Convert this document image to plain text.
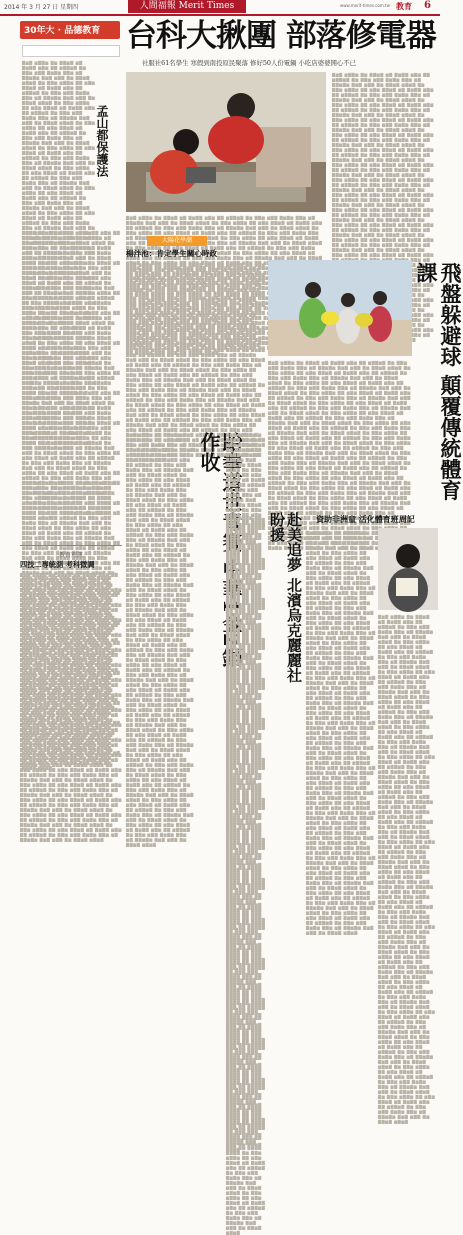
2014 年 3 月 27 日 星期四	人間福報 Merit Times	www.merit-times.com.tw 教育 6
30年大 · 品德教育 台科大揪團 部落修電器
社服社61名學生 寒假到南投原民聚落 修好50人份電鍋 小吃店婆婆開心不已
▇▆▇ ▆▇▇▆ ▇▆ ▇▇▆▇ ▆▇ ▇▆▇▇ ▆▇▆ ▇▇ ▆▇▇▆▇ ▇▆ ▇▇▆ ▆▇▇ ▇▆▇▆ ▇▇▆ ▆▇ ▇▇▆▇▆ ▇▆▇ ▆▇▇ ▇▆ ▇▇▆▇ ▆▇▆▇ ▇▆ ▇▇▆ ▆▇▇▆ ▇▇ ▆▇▆ ▇▇▆▇ ▆▇ ▇▆▇▇ ▆▇▆ ▇▇ ▆▇▇▆▇ ▇▆ ▇▇▆ ▆▇▇ ▇▆▇▆ ▇▇▆ ▆▇ ▇▇▆▇▆ ▇▆▇ ▆▇▇ ▇▆ ▇▇▆▇ ▆▇▆▇ ▇▆ ▇▇▆ ▆▇▇▆ ▇▇ ▆▇▆ ▇▇▆▇ ▆▇ ▇▆▇▇ ▆▇▆ ▇▇ ▆▇▇▆▇ ▇▆ ▇▇▆ ▆▇▇ ▇▆▇▆ ▇▇▆ ▆▇ ▇▇▆▇▆ ▇▆▇ ▆▇▇ ▇▆ ▇▇▆▇ ▆▇▆▇ ▇▆ ▇▇▆ ▆▇▇▆ ▇▇ ▆▇▆ ▇▇▆▇ ▆▇ ▇▆▇▇ ▆▇▆ ▇▇ ▆▇▇▆▇ ▇▆ ▇▇▆ ▆▇▇ ▇▆▇▆ ▇▇▆ ▆▇ ▇▇▆▇▆ ▇▆▇ ▆▇▇ ▇▆ ▇▇▆▇ ▆▇▆▇ ▇▆ ▇▇▆ ▆▇▇▆ ▇▇ ▆▇▆ ▇▇▆▇ ▆▇ ▇▆▇▇ ▆▇▆ ▇▇ ▆▇▇▆▇ ▇▆ ▇▇▆ ▆▇▇ ▇▆▇▆ ▇▇▆ ▆▇ ▇▇▆▇▆ ▇▆▇ ▆▇▇ ▇▆ ▇▇▆▇ ▆▇▆▇ ▇▆ ▇▇▆ ▆▇▇▆ ▇▇ ▆▇▆ ▇▇▆▇ ▆▇ ▇▆▇▇ ▆▇▆ ▇▇ ▆▇▇▆▇ ▇▆ ▇▇▆ ▆▇▇ ▇▆▇▆ ▇▇▆ ▆▇ ▇▇▆▇▆ ▇▆▇ ▆▇▇ ▇▆ ▇▇▆▇ ▆▇▆▇ ▇▆ ▇▇▆ ▆▇▇▆ ▇▇ ▆▇▆ ▇▇▆▇ ▆▇ ▇▆▇▇ ▆▇▆ ▇▇ ▆▇▇▆▇ ▇▆ ▇▇▆ ▆▇▇ ▇▆▇▆ ▇▇▆ ▆▇ ▇▇▆▇▆ ▇▆▇ ▆▇▇ ▇▆ ▇▇▆▇ ▆▇▆▇ ▇▆ ▇▇▆ ▆▇▇▆ ▇▇ ▆▇▆ ▇▇▆▇ ▆▇ ▇▆▇▇ ▆▇▆ ▇▇ ▆▇▇▆▇ ▇▆ ▇▇▆ ▆▇▇ ▇▆▇▆ ▇▇▆ ▆▇ ▇▇▆▇▆ ▇▆▇ ▆▇▇ ▇▆ ▇▇▆▇ ▆▇▆▇ ▇▆ ▇▇▆ ▆▇▇▆ ▇▇ ▆▇▆ ▇▇▆▇ ▆▇ ▇▆▇▇ ▆▇▆ ▇▇ ▆▇▇▆▇ ▇▆ ▇▇▆ ▆▇▇ ▇▆▇▆ ▇▇▆ ▆▇ ▇▇▆▇▆ ▇▆▇ ▆▇▇ ▇▆ ▇▇▆▇ ▆▇▆▇ ▇▆ ▇▇▆ ▆▇▇▆ ▇▇ ▆▇▆ ▇▇▆▇ ▆▇ ▇▆▇▇ ▆▇▆ ▇▇ ▆▇▇▆▇ ▇▆ ▇▇▆ ▆▇▇ ▇▆▇▆ ▇▇▆ ▆▇ ▇▇▆▇▆ ▇▆▇ ▆▇▇ ▇▆ ▇▇▆▇ ▆▇▆▇ ▇▆ ▇▇▆ ▆▇▇▆ ▇▇ ▆▇▆ ▇▇▆▇ ▆▇ ▇▆▇▇ ▆▇▆ ▇▇ ▆▇▇▆▇ ▇▆ ▇▇▆ ▆▇▇ ▇▆▇▆ ▇▇▆ ▆▇ ▇▇▆▇▆ ▇▆▇ ▆▇▇ ▇▆ ▇▇▆▇ ▆▇▆▇ ▇▆ ▇▇▆ ▆▇▇▆ ▇▇ ▆▇▆ ▇▇▆▇ ▆▇ ▇▆▇▇ ▆▇▆ ▇▇ ▆▇▇▆▇ ▇▆ ▇▇▆ ▆▇▇ ▇▆▇▆ ▇▇▆ ▆▇ ▇▇▆▇▆ ▇▆▇ ▆▇▇ ▇▆ ▇▇▆▇ ▆▇▆▇ ▇▆ ▇▇▆ ▆▇▇▆ ▇▇ ▆▇▆ ▇▇▆▇ ▆▇ ▇▆▇▇ ▆▇▆ ▇▇ ▆▇▇▆▇ ▇▆ ▇▇▆ ▆▇▇ ▇▆▇▆ ▇▇▆ ▆▇ ▇▇▆▇▆ ▇▆▇ ▆▇▇ ▇▆ ▇▇▆▇ ▆▇▆▇ ▇▆ ▇▇▆ ▆▇▇▆ ▇▇ ▆▇▆ ▇▇▆▇ ▆▇ ▇▆▇▇ ▆▇▆ ▇▇ ▆▇▇▆▇ ▇▆ ▇▇▆ ▆▇▇ ▇▆▇▆ ▇▇▆ ▆▇ ▇▇▆▇▆ ▇▆▇ ▆▇▇ ▇▆ ▇▇▆▇ ▆▇▆▇ ▇▆ ▇▇▆ ▆▇▇▆ ▇▇ ▆▇▆ ▇▇▆▇ ▆▇ ▇▆▇▇ ▆▇▆ ▇▇ ▆▇▇▆▇ ▇▆ ▇▇▆ ▆▇▇ ▇▆▇▆ ▇▇▆ ▆▇ ▇▇▆▇▆ ▇▆▇ ▆▇▇ ▇▆ ▇▇▆▇ ▆▇▆▇ ▇▆ ▇▇▆ ▆▇▇▆ ▇▇ ▆▇▆ ▇▇▆▇ ▆▇ ▇▆▇▇ ▆▇▆ ▇▇ ▆▇▇▆▇ ▇▆ ▇▇▆ ▆▇▇ ▇▆▇▆ ▇▇▆ ▆▇ ▇▇▆▇▆ ▇▆▇ ▆▇▇ ▇▆ ▇▇▆▇ ▆▇▆▇ ▇▆ ▇▇▆ ▆▇▇▆ ▇▇ ▆▇▆ ▇▇▆▇ ▆▇ ▇▆▇▇ ▆▇▆ ▇▇ ▆▇▇▆▇ ▇▆ ▇▇▆ ▆▇▇ ▇▆▇▆ ▇▇▆ ▆▇ ▇▇▆▇▆ ▇▆▇ ▆▇▇ ▇▆ ▇▇▆▇ ▆▇▆▇ ▇▆ ▇▇▆ ▆▇▇▆ ▇▇ ▆▇▆ ▇▇▆▇ ▆▇ ▇▆▇▇ ▆▇▆ ▇▇ ▆▇▇▆▇ ▇▆ ▇▇▆ ▆▇▇ ▇▆▇▆ ▇▇▆ ▆▇ ▇▇▆▇▆ ▇▆▇ ▆▇▇ ▇▆ ▇▇▆▇ ▆▇▆▇
孟山都保護法
▇▆▇ ▆▇▇▆ ▇▆ ▇▇▆▇ ▆▇ ▇▆▇▇ ▆▇▆ ▇▇ ▆▇▇▆▇ ▇▆ ▇▇▆ ▆▇▇ ▇▆▇▆ ▇▇▆ ▆▇ ▇▇▆▇▆ ▇▆▇ ▆▇▇ ▇▆ ▇▇▆▇ ▆▇▆▇ ▇▆ ▇▇▆ ▆▇▇▆ ▇▇ ▆▇▆ ▇▇▆▇ ▆▇ ▇▆▇▇ ▆▇▆ ▇▇ ▆▇▇▆▇ ▇▆ ▇▇▆ ▆▇▇ ▇▆▇▆ ▇▇▆ ▆▇ ▇▇▆▇▆ ▇▆▇ ▆▇▇ ▇▆ ▇▇▆▇ ▆▇▆▇ ▇▆ ▇▇▆ ▆▇▇▆ ▇▇ ▆▇▆ ▇▇▆▇ ▆▇ ▇▆▇▇ ▆▇▆ ▇▇ ▆▇▇▆▇ ▇▆ ▇▇▆ ▆▇▇ ▇▆▇▆ ▇▇▆ ▆▇ ▇▇▆▇▆ ▇▆▇ ▆▇▇ ▇▆ ▇▇▆▇ ▆▇▆▇ ▇▆ ▇▇▆ ▆▇▇▆ ▇▇ ▆▇▆ ▇▇▆▇ ▆▇ ▇▆▇▇ ▆▇▆ ▇▇ ▆▇▇▆▇ ▇▆ ▇▇▆ ▆▇▇ ▇▆▇▆ ▇▇▆ ▆▇ ▇▇▆▇▆ ▇▆▇ ▆▇▇ ▇▆ ▇▇▆▇ ▆▇▆▇ ▇▆ ▇▇▆ ▆▇▇▆ ▇▇ ▆▇▆ ▇▇▆▇ ▆▇ ▇▆▇▇ ▆▇▆ ▇▇ ▆▇▇▆▇ ▇▆ ▇▇▆ ▆▇▇ ▇▆▇▆ ▇▇▆ ▆▇ ▇▇▆▇▆ ▇▆▇ ▆▇▇ ▇▆ ▇▇▆▇ ▆▇▆▇ ▇▆ ▇▇▆ ▆▇▇▆ ▇▇ ▆▇▆ ▇▇▆▇ ▆▇ ▇▆▇▇ ▆▇▆ ▇▇ ▆▇▇▆▇ ▇▆ ▇▇▆ ▆▇▇ ▇▆▇▆ ▇▇▆ ▆▇ ▇▇▆▇▆ ▇▆▇ ▆▇▇ ▇▆ ▇▇▆▇ ▆▇▆▇ ▇▆ ▇▇▆ ▆▇▇▆ ▇▇ ▆▇▆ ▇▇▆▇ ▆▇ ▇▆▇▇ ▆▇▆ ▇▇ ▆▇▇▆▇ ▇▆ ▇▇▆ ▆▇▇ ▇▆▇▆ ▇▇▆ ▆▇ ▇▇▆▇▆ ▇▆▇ ▆▇▇ ▇▆ ▇▇▆▇ ▆▇▆▇ ▇▆ ▇▇▆ ▆▇▇▆ ▇▇ ▆▇▆ ▇▇▆▇ ▆▇ ▇▆▇▇ ▆▇▆ ▇▇ ▆▇▇▆▇ ▇▆ ▇▇▆ ▆▇▇ ▇▆▇▆ ▇▇▆ ▆▇ ▇▇▆▇▆ ▇▆▇ ▆▇▇ ▇▆ ▇▇▆▇ ▆▇▆▇ ▇▆ ▇▇▆ ▆▇▇▆ ▇▇ ▆▇▆ ▇▇▆▇ ▆▇ ▇▆▇▇ ▆▇▆ ▇▇ ▆▇▇▆▇ ▇▆ ▇▇▆ ▆▇▇ ▇▆▇▆ ▇▇▆ ▆▇ ▇▇▆▇▆ ▇▆▇ ▆▇▇ ▇▆ ▇▇▆▇ ▆▇▆▇ ▇▆ ▇▇▆ ▆▇▇▆ ▇▇ ▆▇▆ ▇▇▆▇ ▆▇ ▇▆▇▇ ▆▇▆ ▇▇ ▆▇▇▆▇ ▇▆ ▇▇▆ ▆▇▇ ▇▆▇▆ ▇▇▆ ▆▇ ▇▇▆▇▆ ▇▆▇ ▆▇▇ ▇▆ ▇▇▆▇ ▆▇▆▇ ▇▆ ▇▇▆ ▆▇▇▆ ▇▇ ▆▇▆ ▇▇▆▇ ▆▇ ▇▆▇▇ ▆▇▆ ▇▇ ▆▇▇▆▇ ▇▆ ▇▇▆ ▆▇▇ ▇▆▇▆ ▇▇▆ ▆▇ ▇▇▆▇▆ ▇▆▇ ▆▇▇ ▇▆ ▇▇▆▇ ▆▇▆▇ ▇▆ ▇▇▆ ▆▇▇▆ ▇▇ ▆▇▆ ▇▇▆▇ ▆▇ ▇▆▇▇ ▆▇▆ ▇▇ ▆▇▇▆▇ ▇▆ ▇▇▆ ▆▇▇ ▇▆▇▆ ▇▇▆ ▆▇ ▇▇▆▇▆ ▇▆▇ ▆▇▇ ▇▆ ▇▇▆▇ ▆▇▆▇ ▇▆ ▇▇▆ ▆▇▇▆ ▇▇ ▆▇▆ ▇▇▆▇ ▆▇ ▇▆▇▇ ▆▇▆ ▇▇ ▆▇▇▆▇ ▇▆ ▇▇▆ ▆▇▇ ▇▆▇▆ ▇▇▆ ▆▇ ▇▇▆▇▆ ▇▆▇ ▆▇▇ ▇▆ ▇▇▆▇ ▆▇▆▇ ▇▆ ▇▇▆ ▆▇▇▆ ▇▇ ▆▇▆ ▇▇▆▇ ▆▇ ▇▆▇▇ ▆▇▆ ▇▇ ▆▇▇▆▇ ▇▆ ▇▇▆ ▆▇▇ ▇▆▇▆ ▇▇▆ ▆▇ ▇▇▆▇▆ ▇▆▇ ▆▇▇ ▇▆ ▇▇▆▇ ▆▇▆▇ ▇▆ ▇▇▆ ▆▇▇▆ ▇▇ ▆▇▆ ▇▇▆▇ ▆▇ ▇▆▇▇ ▆▇▆ ▇▇ ▆▇▇▆▇ ▇▆ ▇▇▆ ▆▇▇ ▇▆▇▆ ▇▇▆ ▆▇ ▇▇▆▇▆ ▇▆▇ ▆▇▇ ▇▆ ▇▇▆▇ ▆▇▆▇ ▇▆ ▇▇▆ ▆▇▇▆ ▇▇ ▆▇▆ ▇▇▆▇ ▆▇ ▇▆▇▇ ▆▇▆ ▇▇ ▆▇▇▆▇ ▇▆ ▇▇▆ ▆▇▇ ▇▆▇▆ ▇▇▆ ▆▇ ▇▇▆▇▆ ▇▆▇ ▆▇▇ ▇▆ ▇▇▆▇ ▆▇▆▇ ▇▆ ▇▇▆ ▆▇▇▆ ▇▇ ▆▇▆ ▇▇▆▇ ▆▇ ▇▆▇▇ ▆▇▆ ▇▇ ▆▇▇▆▇ ▇▆ ▇▇▆ ▆▇▇ ▇▆▇▆ ▇▇▆ ▆▇ ▇▇▆▇▆ ▇▆▇ ▆▇▇ ▇▆ ▇▇▆▇ ▆▇▆▇ ▇▆ ▇▇▆ ▆▇▇▆ ▇▇ ▆▇▆ ▇▇▆▇ ▆▇ ▇▆▇▇ ▆▇▆ ▇▇ ▆▇▇▆▇ ▇▆ ▇▇▆ ▆▇▇ ▇▆▇▆ ▇▇▆ ▆▇ ▇▇▆▇▆ ▇▆▇ ▆▇▇ ▇▆ ▇▇▆▇ ▆▇▆▇
▇▆▇ ▆▇▇▆ ▇▆ ▇▇▆▇ ▆▇ ▇▆▇▇ ▆▇▆ ▇▇ ▆▇▇▆▇ ▇▆ ▇▇▆ ▆▇▇ ▇▆▇▆ ▇▇▆ ▆▇ ▇▇▆▇▆ ▇▆▇ ▆▇▇ ▇▆ ▇▇▆▇ ▆▇▆▇ ▇▆ ▇▇▆ ▆▇▇▆ ▇▇ ▆▇▆ ▇▇▆▇ ▆▇ ▇▆▇▇ ▆▇▆ ▇▇ ▆▇▇▆▇ ▇▆ ▇▇▆ ▆▇▇ ▇▆▇▆ ▇▇▆ ▆▇ ▇▇▆▇▆ ▇▆▇ ▆▇▇ ▇▆ ▇▇▆▇ ▆▇▆▇ ▇▆ ▇▇▆ ▆▇▇▆ ▇▇ ▆▇▆ ▇▇▆▇ ▆▇ ▇▆▇▇ ▆▇▆ ▇▇ ▆▇▇▆▇ ▇▆ ▇▇▆ ▆▇▇ ▇▆▇▆ ▇▇▆ ▆▇ ▇▇▆▇▆ ▇▆▇ ▆▇▇ ▇▆ ▇▇▆▇ ▆▇▆▇ ▇▆ ▇▇▆ ▆▇▇▆ ▇▇ ▆▇▆ ▇▇▆▇ ▆▇ ▇▆▇▇ ▆▇▆ ▇▇ ▆▇▇▆▇ ▇▆ ▇▇▆ ▆▇▇ ▇▆▇▆ ▇▇▆ ▆▇ ▇▇▆▇▆ ▇▆▇ ▆▇▇ ▇▆ ▇▇▆▇ ▆▇▆▇ ▇▆ ▇▇▆ ▆▇▇▆ ▇▇ ▆▇▆ ▇▇▆▇ ▆▇ ▇▆▇▇ ▆▇▆ ▇▇ ▆▇▇▆▇ ▇▆ ▇▇▆ ▆▇▇ ▇▆▇▆ ▇▇▆ ▆▇ ▇▇▆▇▆ ▇▆▇ ▆▇▇ ▇▆ ▇▇▆▇ ▆▇▆▇ ▇▆ ▇▇▆ ▆▇▇▆ ▇▇ ▆▇▆ ▇▇▆▇ ▆▇ ▇▆▇▇ ▆▇▆ ▇▇ ▆▇▇▆▇ ▇▆ ▇▇▆ ▆▇▇ ▇▆▇▆ ▇▇▆ ▆▇ ▇▇▆▇▆ ▇▆▇ ▆▇▇ ▇▆ ▇▇▆▇ ▆▇▆▇ ▇▆ ▇▇▆ ▆▇▇▆ ▇▇ ▆▇▆ ▇▇▆▇ ▆▇ ▇▆▇▇ ▆▇▆ ▇▇ ▆▇▇▆▇ ▇▆ ▇▇▆ ▆▇▇ ▇▆▇▆ ▇▇▆ ▆▇ ▇▇▆▇▆ ▇▆▇ ▆▇▇ ▇▆ ▇▇▆▇ ▆▇▆▇ ▇▆ ▇▇▆ ▆▇▇▆ ▇▇ ▆▇▆ ▇▇▆▇ ▆▇ ▇▆▇▇ ▆▇▆ ▇▇ ▆▇▇▆▇ ▇▆ ▇▇▆ ▆▇▇ ▇▆▇▆ ▇▇▆ ▆▇ ▇▇▆▇▆ ▇▆▇ ▆▇▇ ▇▆ ▇▇▆▇ ▆▇▆▇ ▇▆ ▇▇▆ ▆▇▇▆ ▇▇ ▆▇▆ ▇▇▆▇ ▆▇ ▇▆▇▇ ▆▇▆ ▇▇ ▆▇▇▆▇ ▇▆ ▇▇▆ ▆▇▇ ▇▆▇▆ ▇▇▆ ▆▇ ▇▇▆▇▆ ▇▆▇ ▆▇▇ ▇▆ ▇▇▆▇ ▆▇▆▇ ▇▆ ▇▇▆ ▆▇▇▆ ▇▇ ▆▇▆ ▇▇▆▇ ▆▇ ▇▆▇▇ ▆▇▆ ▇▇ ▆▇▇▆▇ ▇▆ ▇▇▆ ▆▇▇ ▇▆▇▆ ▇▇▆ ▆▇ ▇▇▆▇▆ ▇▆▇ ▆▇▇ ▇▆ ▇▇▆▇ ▆▇▆▇ ▇▆ ▇▇▆ ▆▇▇▆ ▇▇ ▆▇▆ ▇▇▆▇ ▆▇ ▇▆▇▇ ▆▇▆ ▇▇ ▆▇▇▆▇ ▇▆ ▇▇▆ ▆▇▇ ▇▆▇▆ ▇▇▆ ▆▇ ▇▇▆▇▆ ▇▆▇ ▆▇▇ ▇▆ ▇▇▆▇ ▆▇▆▇ ▇▆ ▇▇▆ ▆▇▇▆ ▇▇ ▆▇▆ ▇▇▆▇ ▆▇ ▇▆▇▇ ▆▇▆ ▇▇ ▆▇▇▆▇ ▇▆ ▇▇▆ ▆▇▇ ▇▆▇▆ ▇▇▆ ▆▇ ▇▇▆▇▆ ▇▆▇ ▆▇▇ ▇▆ ▇▇▆▇ ▆▇▆▇ ▇▆ ▇▇▆ ▆▇▇▆ ▇▇ ▆▇▆ ▇▇▆▇ ▆▇ ▇▆▇▇ ▆▇▆ ▇▇ ▆▇▇▆▇ ▇▆ ▇▇▆ ▆▇▇ ▇▆▇▆ ▇▇▆ ▆▇ ▇▇▆▇▆ ▇▆▇ ▆▇▇ ▇▆ ▇▇▆▇ ▆▇▆▇ ▇▆ ▇▇▆ ▆▇▇▆ ▇▇ ▆▇▆ ▇▇▆▇ ▆▇ ▇▆▇▇ ▆▇▆ ▇▇ ▆▇▇▆▇ ▇▆ ▇▇▆ ▆▇▇ ▇▆▇▆ ▇▇▆ ▆▇ ▇▇▆▇▆ ▇▆▇ ▆▇▇ ▇▆ ▇▇▆▇ ▆▇▆▇ ▇▆ ▇▇▆ ▆▇▇▆ ▇▇ ▆▇▆ ▇▇▆▇ ▆▇ ▇▆▇▇ ▆▇▆ ▇▇ ▆▇▇▆▇ ▇▆ ▇▇▆ ▆▇▇ ▇▆▇▆ ▇▇▆ ▆▇ ▇▇▆▇▆ ▇▆▇ ▆▇▇ ▇▆ ▇▇▆▇ ▆▇▆▇ ▇▆ ▇▇▆ ▆▇▇▆ ▇▇ ▆▇▆ ▇▇▆▇ ▆▇ ▇▆▇▇ ▆▇▆ ▇▇ ▆▇▇▆▇ ▇▆ ▇▇▆ ▆▇▇ ▇▆▇▆ ▇▇▆ ▆▇ ▇▇▆▇▆ ▇▆▇ ▆▇▇ ▇▆ ▇▇▆▇ ▆▇▆▇ ▇▆ ▇▇▆ ▆▇▇▆ ▇▇ ▆▇▆ ▇▇▆▇ ▆▇ ▇▆▇▇ ▆▇▆ ▇▇ ▆▇▇▆▇ ▇▆ ▇▇▆ ▆▇▇ ▇▆▇▆ ▇▇▆ ▆▇ ▇▇▆▇▆ ▇▆▇ ▆▇▇ ▇▆ ▇▇▆▇ ▆▇▆▇ ▇▆ ▇▇▆ ▆▇▇▆ ▇▇ ▆▇▆ ▇▇▆▇ ▆▇ ▇▆▇▇ ▆▇▆ ▇▇ ▆▇▇▆▇ ▇▆ ▇▇▆ ▆▇▇ ▇▆▇▆ ▇▇▆ ▆▇ ▇▇▆▇▆ ▇▆▇ ▆▇▇ ▇▆ ▇▇▆▇ ▆▇▆▇
▇▆▇ ▆▇▇▆ ▇▆ ▇▇▆▇ ▆▇ ▇▆▇▇ ▆▇▆ ▇▇ ▆▇▇▆▇ ▇▆ ▇▇▆ ▆▇▇ ▇▆▇▆ ▇▇▆ ▆▇ ▇▇▆▇▆ ▇▆▇ ▆▇▇ ▇▆ ▇▇▆▇ ▆▇▆▇ ▇▆ ▇▇▆ ▆▇▇▆ ▇▇ ▆▇▆ ▇▇▆▇ ▆▇ ▇▆▇▇ ▆▇▆ ▇▇ ▆▇▇▆▇ ▇▆ ▇▇▆ ▆▇▇ ▇▆▇▆ ▇▇▆ ▆▇ ▇▇▆▇▆ ▇▆▇ ▆▇▇ ▇▆ ▇▇▆▇ ▆▇▆▇ ▇▆ ▇▇▆ ▆▇▇▆ ▇▇ ▆▇▆ ▇▇▆▇ ▆▇ ▇▆▇▇ ▆▇▆ ▇▇ ▆▇▇▆▇ ▇▆ ▇▇▆ ▆▇▇ ▇▆▇▆ ▇▇▆ ▆▇ ▇▇▆▇▆ ▇▆▇ ▆▇▇ ▇▆ ▇▇▆▇ ▆▇▆▇ ▇▆ ▇▇▆ ▆▇▇▆ ▇▇ ▆▇▆ ▇▇▆▇ ▆▇ ▇▆▇▇ ▆▇▆ ▇▇ ▆▇▇▆▇ ▇▆ ▇▇▆ ▆▇▇ ▇▆▇▆ ▇▇▆ ▆▇ ▇▇▆▇▆ ▇▆▇ ▆▇▇ ▇▆ ▇▇▆▇ ▆▇▆▇ ▇▆ ▇▇▆ ▆▇▇▆ ▇▇ ▆▇▆ ▇▇▆▇ ▆▇ ▇▆▇▇ ▆▇▆ ▇▇ ▆▇▇▆▇ ▇▆ ▇▇▆ ▆▇▇ ▇▆▇▆ ▇▇▆ ▆▇ ▇▇▆▇▆ ▇▆▇ ▆▇▇ ▇▆ ▇▇▆▇ ▆▇▆▇ ▇▆ ▇▇▆ ▆▇▇▆ ▇▇ ▆▇▆ ▇▇▆▇ ▆▇ ▇▆▇▇ ▆▇▆ ▇▇ ▆▇▇▆▇ ▇▆ ▇▇▆ ▆▇▇ ▇▆▇▆ ▇▇▆ ▆▇ ▇▇▆▇▆ ▇▆▇ ▆▇▇ ▇▆ ▇▇▆▇ ▆▇▆▇ ▇▆ ▇▇▆ ▆▇▇▆ ▇▇ ▆▇▆ ▇▇▆▇ ▆▇ ▇▆▇▇ ▆▇▆ ▇▇ ▆▇▇▆▇ ▇▆ ▇▇▆ ▆▇▇ ▇▆▇▆ ▇▇▆ ▆▇ ▇▇▆▇▆ ▇▆▇ ▆▇▇ ▇▆ ▇▇▆▇ ▆▇▆▇ ▇▆ ▇▇▆ ▆▇▇▆ ▇▇ ▆▇▆ ▇▇▆▇ ▆▇ ▇▆▇▇ ▆▇▆ ▇▇ ▆▇▇▆▇ ▇▆ ▇▇▆ ▆▇▇ ▇▆▇▆ ▇▇▆ ▆▇ ▇▇▆▇▆ ▇▆▇ ▆▇▇ ▇▆ ▇▇▆▇ ▆▇▆▇ ▇▆ ▇▇▆ ▆▇▇▆ ▇▇ ▆▇▆ ▇▇▆▇ ▆▇ ▇▆▇▇ ▆▇▆ ▇▇ ▆▇▇▆▇ ▇▆ ▇▇▆ ▆▇▇ ▇▆▇▆ ▇▇▆ ▆▇ ▇▇▆▇▆ ▇▆▇ ▆▇▇ ▇▆ ▇▇▆▇ ▆▇▆▇ ▇▆ ▇▇▆ ▆▇▇▆ ▇▇ ▆▇▆ ▇▇▆▇ ▆▇ ▇▆▇▇ ▆▇▆ ▇▇ ▆▇▇▆▇ ▇▆ ▇▇▆ ▆▇▇ ▇▆▇▆ ▇▇▆ ▆▇ ▇▇▆▇▆ ▇▆▇ ▆▇▇ ▇▆ ▇▇▆▇ ▆▇▆▇ ▇▆ ▇▇▆ ▆▇▇▆ ▇▇ ▆▇▆ ▇▇▆▇ ▆▇ ▇▆▇▇ ▆▇▆ ▇▇ ▆▇▇▆▇ ▇▆ ▇▇▆ ▆▇▇ ▇▆▇▆ ▇▇▆ ▆▇ ▇▇▆▇▆ ▇▆▇ ▆▇▇ ▇▆ ▇▇▆▇ ▆▇▆▇ ▇▆ ▇▇▆ ▆▇▇▆ ▇▇ ▆▇▆ ▇▇▆▇ ▆▇ ▇▆▇▇ ▆▇▆ ▇▇ ▆▇▇▆▇ ▇▆ ▇▇▆ ▆▇▇ ▇▆▇▆ ▇▇▆ ▆▇ ▇▇▆▇▆ ▇▆▇ ▆▇▇ ▇▆ ▇▇▆▇ ▆▇▆▇ ▇▆ ▇▇▆ ▆▇▇▆ ▇▇ ▆▇▆ ▇▇▆▇ ▆▇ ▇▆▇▇ ▆▇▆ ▇▇ ▆▇▇▆▇ ▇▆ ▇▇▆ ▆▇▇ ▇▆▇▆ ▇▇▆ ▆▇ ▇▇▆▇▆ ▇▆▇ ▆▇▇ ▇▆ ▇▇▆▇ ▆▇▆▇ ▇▆ ▇▇▆ ▆▇▇▆ ▇▇ ▆▇▆ ▇▇▆▇ ▆▇ ▇▆▇▇ ▆▇▆ ▇▇ ▆▇▇▆▇ ▇▆ ▇▇▆ ▆▇▇ ▇▆▇▆ ▇▇▆ ▆▇ ▇▇▆▇▆ ▇▆▇ ▆▇▇ ▇▆ ▇▇▆▇ ▆▇▆▇ ▇▆ ▇▇▆ ▆▇▇▆ ▇▇ ▆▇▆ ▇▇▆▇ ▆▇ ▇▆▇▇ ▆▇▆ ▇▇ ▆▇▇▆▇ ▇▆ ▇▇▆ ▆▇▇ ▇▆▇▆ ▇▇▆ ▆▇ ▇▇▆▇▆ ▇▆▇ ▆▇▇ ▇▆ ▇▇▆▇ ▆▇▆▇ ▇▆ ▇▇▆ ▆▇▇▆ ▇▇ ▆▇▆ ▇▇▆▇ ▆▇ ▇▆▇▇ ▆▇▆ ▇▇ ▆▇▇▆▇ ▇▆ ▇▇▆ ▆▇▇ ▇▆▇▆ ▇▇▆ ▆▇ ▇▇▆▇▆ ▇▆▇ ▆▇▇ ▇▆ ▇▇▆▇ ▆▇▆▇ ▇▆ ▇▇▆ ▆▇▇▆ ▇▇ ▆▇▆ ▇▇▆▇ ▆▇ ▇▆▇▇ ▆▇▆ ▇▇ ▆▇▇▆▇ ▇▆ ▇▇▆ ▆▇▇ ▇▆▇▆ ▇▇▆ ▆▇ ▇▇▆▇▆ ▇▆▇ ▆▇▇ ▇▆ ▇▇▆▇ ▆▇▆▇ ▇▆ ▇▇▆ ▆▇▇▆ ▇▇ ▆▇▆ ▇▇▆▇ ▆▇ ▇▆▇▇ ▆▇▆ ▇▇ ▆▇▇▆▇ ▇▆ ▇▇▆ ▆▇▇ ▇▆▇▆ ▇▇▆ ▆▇ ▇▇▆▇▆ ▇▆▇ ▆▇▇ ▇▆ ▇▇▆▇ ▆▇▆▇
▇▆▇ ▆▇▇▆ ▇▆ ▇▇▆▇ ▆▇ ▇▆▇▇ ▆▇▆ ▇▇ ▆▇▇▆▇ ▇▆ ▇▇▆ ▆▇▇ ▇▆▇▆ ▇▇▆ ▆▇ ▇▇▆▇▆ ▇▆▇ ▆▇▇ ▇▆ ▇▇▆▇ ▆▇▆▇ ▇▆ ▇▇▆ ▆▇▇▆ ▇▇ ▆▇▆ ▇▇▆▇ ▆▇ ▇▆▇▇ ▆▇▆ ▇▇ ▆▇▇▆▇ ▇▆ ▇▇▆ ▆▇▇ ▇▆▇▆ ▇▇▆ ▆▇ ▇▇▆▇▆ ▇▆▇ ▆▇▇ ▇▆ ▇▇▆▇ ▆▇▆▇ ▇▆ ▇▇▆ ▆▇▇▆ ▇▇ ▆▇▆ ▇▇▆▇ ▆▇ ▇▆▇▇ ▆▇▆ ▇▇ ▆▇▇▆▇ ▇▆ ▇▇▆ ▆▇▇ ▇▆▇▆ ▇▇▆ ▆▇ ▇▇▆▇▆ ▇▆▇ ▆▇▇ ▇▆ ▇▇▆▇ ▆▇▆▇ ▇▆ ▇▇▆ ▆▇▇▆ ▇▇ ▆▇▆ ▇▇▆▇ ▆▇ ▇▆▇▇ ▆▇▆ ▇▇ ▆▇▇▆▇ ▇▆ ▇▇▆ ▆▇▇ ▇▆▇▆ ▇▇▆ ▆▇ ▇▇▆▇▆ ▇▆▇ ▆▇▇ ▇▆ ▇▇▆▇ ▆▇▆▇ ▇▆ ▇▇▆ ▆▇▇▆ ▇▇ ▆▇▆ ▇▇▆▇ ▆▇ ▇▆▇▇ ▆▇▆ ▇▇ ▆▇▇▆▇ ▇▆ ▇▇▆ ▆▇▇ ▇▆▇▆ ▇▇▆ ▆▇ ▇▇▆▇▆ ▇▆▇ ▆▇▇ ▇▆ ▇▇▆▇ ▆▇▆▇ ▇▆ ▇▇▆ ▆▇▇▆ ▇▇ ▆▇▆ ▇▇▆▇ ▆▇ ▇▆▇▇ ▆▇▆ ▇▇ ▆▇▇▆▇ ▇▆ ▇▇▆ ▆▇▇ ▇▆▇▆ ▇▇▆ ▆▇ ▇▇▆▇▆ ▇▆▇ ▆▇▇ ▇▆ ▇▇▆▇ ▆▇▆▇ ▇▆ ▇▇▆ ▆▇▇▆ ▇▇ ▆▇▆ ▇▇▆▇ ▆▇ ▇▆▇▇ ▆▇▆ ▇▇ ▆▇▇▆▇ ▇▆ ▇▇▆ ▆▇▇ ▇▆▇▆ ▇▇▆ ▆▇ ▇▇▆▇▆ ▇▆▇ ▆▇▇ ▇▆ ▇▇▆▇ ▆▇▆▇ ▇▆ ▇▇▆ ▆▇▇▆ ▇▇ ▆▇▆ ▇▇▆▇ ▆▇ ▇▆▇▇ ▆▇▆ ▇▇ ▆▇▇▆▇ ▇▆ ▇▇▆ ▆▇▇ ▇▆▇▆ ▇▇▆ ▆▇ ▇▇▆▇▆ ▇▆▇ ▆▇▇ ▇▆ ▇▇▆▇ ▆▇▆▇ ▇▆ ▇▇▆ ▆▇▇▆ ▇▇ ▆▇▆ ▇▇▆▇ ▆▇ ▇▆▇▇ ▆▇▆ ▇▇ ▆▇▇▆▇ ▇▆ ▇▇▆ ▆▇▇ ▇▆▇▆ ▇▇▆ ▆▇ ▇▇▆▇▆ ▇▆▇ ▆▇▇ ▇▆ ▇▇▆▇ ▆▇▆▇ ▇▆ ▇▇▆ ▆▇▇▆ ▇▇ ▆▇▆ ▇▇▆▇ ▆▇ ▇▆▇▇ ▆▇▆ ▇▇ ▆▇▇▆▇ ▇▆ ▇▇▆ ▆▇▇ ▇▆▇▆ ▇▇▆ ▆▇ ▇▇▆▇▆ ▇▆▇ ▆▇▇ ▇▆ ▇▇▆▇ ▆▇▆▇ ▇▆ ▇▇▆ ▆▇▇▆ ▇▇ ▆▇▆ ▇▇▆▇ ▆▇ ▇▆▇▇ ▆▇▆ ▇▇ ▆▇▇▆▇ ▇▆ ▇▇▆ ▆▇▇ ▇▆▇▆ ▇▇▆ ▆▇ ▇▇▆▇▆ ▇▆▇ ▆▇▇ ▇▆ ▇▇▆▇ ▆▇▆▇ ▇▆ ▇▇▆ ▆▇▇▆ ▇▇ ▆▇▆ ▇▇▆▇ ▆▇ ▇▆▇▇ ▆▇▆ ▇▇ ▆▇▇▆▇ ▇▆ ▇▇▆ ▆▇▇ ▇▆▇▆ ▇▇▆ ▆▇ ▇▇▆▇▆ ▇▆▇ ▆▇▇ ▇▆ ▇▇▆▇ ▆▇▆▇ ▇▆ ▇▇▆ ▆▇▇▆ ▇▇ ▆▇▆ ▇▇▆▇ ▆▇ ▇▆▇▇ ▆▇▆ ▇▇ ▆▇▇▆▇ ▇▆ ▇▇▆ ▆▇▇ ▇▆▇▆ ▇▇▆ ▆▇ ▇▇▆▇▆ ▇▆▇ ▆▇▇ ▇▆ ▇▇▆▇ ▆▇▆▇ ▇▆ ▇▇▆ ▆▇▇▆ ▇▇ ▆▇▆ ▇▇▆▇ ▆▇ ▇▆▇▇ ▆▇▆ ▇▇ ▆▇▇▆▇ ▇▆ ▇▇▆ ▆▇▇ ▇▆▇▆ ▇▇▆ ▆▇ ▇▇▆▇▆ ▇▆▇ ▆▇▇ ▇▆ ▇▇▆▇ ▆▇▆▇ ▇▆ ▇▇▆ ▆▇▇▆ ▇▇ ▆▇▆ ▇▇▆▇ ▆▇ ▇▆▇▇ ▆▇▆ ▇▇ ▆▇▇▆▇ ▇▆ ▇▇▆ ▆▇▇ ▇▆▇▆ ▇▇▆ ▆▇ ▇▇▆▇▆ ▇▆▇ ▆▇▇ ▇▆ ▇▇▆▇ ▆▇▆▇ ▇▆ ▇▇▆ ▆▇▇▆ ▇▇ ▆▇▆ ▇▇▆▇ ▆▇ ▇▆▇▇ ▆▇▆ ▇▇ ▆▇▇▆▇ ▇▆ ▇▇▆ ▆▇▇ ▇▆▇▆ ▇▇▆ ▆▇ ▇▇▆▇▆ ▇▆▇ ▆▇▇ ▇▆ ▇▇▆▇ ▆▇▆▇ ▇▆ ▇▇▆ ▆▇▇▆ ▇▇ ▆▇▆ ▇▇▆▇ ▆▇ ▇▆▇▇ ▆▇▆ ▇▇ ▆▇▇▆▇ ▇▆ ▇▇▆ ▆▇▇ ▇▆▇▆ ▇▇▆ ▆▇ ▇▇▆▇▆ ▇▆▇ ▆▇▇ ▇▆ ▇▇▆▇ ▆▇▆▇ ▇▆ ▇▇▆ ▆▇▇▆ ▇▇ ▆▇▆ ▇▇▆▇ ▆▇ ▇▆▇▇ ▆▇▆ ▇▇ ▆▇▇▆▇ ▇▆ ▇▇▆ ▆▇▇ ▇▆▇▆ ▇▇▆ ▆▇ ▇▇▆▇▆ ▇▆▇ ▆▇▇ ▇▆ ▇▇▆▇ ▆▇▆▇
大陽花學潮
楊泮池：肯定學生關心時政
▇▆▇ ▆▇▇▆ ▇▆ ▇▇▆▇ ▆▇ ▇▆▇▇ ▆▇▆ ▇▇ ▆▇▇▆▇ ▇▆ ▇▇▆ ▆▇▇ ▇▆▇▆ ▇▇▆ ▆▇ ▇▇▆▇▆ ▇▆▇ ▆▇▇ ▇▆ ▇▇▆▇ ▆▇▆▇ ▇▆ ▇▇▆ ▆▇▇▆ ▇▇ ▆▇▆ ▇▇▆▇ ▆▇ ▇▆▇▇ ▆▇▆ ▇▇ ▆▇▇▆▇ ▇▆ ▇▇▆ ▆▇▇ ▇▆▇▆ ▇▇▆ ▆▇ ▇▇▆▇▆ ▇▆▇ ▆▇▇ ▇▆ ▇▇▆▇ ▆▇▆▇ ▇▆ ▇▇▆ ▆▇▇▆ ▇▇ ▆▇▆ ▇▇▆▇ ▆▇ ▇▆▇▇ ▆▇▆ ▇▇ ▆▇▇▆▇ ▇▆ ▇▇▆ ▆▇▇ ▇▆▇▆ ▇▇▆ ▆▇ ▇▇▆▇▆ ▇▆▇ ▆▇▇ ▇▆ ▇▇▆▇ ▆▇▆▇ ▇▆ ▇▇▆ ▆▇▇▆ ▇▇ ▆▇▆ ▇▇▆▇ ▆▇ ▇▆▇▇ ▆▇▆ ▇▇ ▆▇▇▆▇ ▇▆ ▇▇▆ ▆▇▇ ▇▆▇▆ ▇▇▆ ▆▇ ▇▇▆▇▆ ▇▆▇ ▆▇▇ ▇▆ ▇▇▆▇ ▆▇▆▇ ▇▆ ▇▇▆ ▆▇▇▆ ▇▇ ▆▇▆ ▇▇▆▇ ▆▇ ▇▆▇▇ ▆▇▆ ▇▇ ▆▇▇▆▇ ▇▆ ▇▇▆ ▆▇▇ ▇▆▇▆ ▇▇▆ ▆▇ ▇▇▆▇▆ ▇▆▇ ▆▇▇ ▇▆ ▇▇▆▇ ▆▇▆▇ ▇▆ ▇▇▆ ▆▇▇▆ ▇▇ ▆▇▆ ▇▇▆▇ ▆▇ ▇▆▇▇ ▆▇▆ ▇▇ ▆▇▇▆▇ ▇▆ ▇▇▆ ▆▇▇ ▇▆▇▆ ▇▇▆ ▆▇ ▇▇▆▇▆ ▇▆▇ ▆▇▇ ▇▆ ▇▇▆▇ ▆▇▆▇ ▇▆ ▇▇▆ ▆▇▇▆ ▇▇ ▆▇▆ ▇▇▆▇ ▆▇ ▇▆▇▇ ▆▇▆ ▇▇ ▆▇▇▆▇ ▇▆ ▇▇▆ ▆▇▇ ▇▆▇▆ ▇▇▆ ▆▇ ▇▇▆▇▆ ▇▆▇ ▆▇▇ ▇▆ ▇▇▆▇ ▆▇▆▇ ▇▆ ▇▇▆ ▆▇▇▆ ▇▇ ▆▇▆ ▇▇▆▇ ▆▇ ▇▆▇▇ ▆▇▆ ▇▇ ▆▇▇▆▇ ▇▆ ▇▇▆ ▆▇▇ ▇▆▇▆ ▇▇▆ ▆▇ ▇▇▆▇▆ ▇▆▇ ▆▇▇ ▇▆ ▇▇▆▇ ▆▇▆▇ ▇▆ ▇▇▆ ▆▇▇▆ ▇▇ ▆▇▆ ▇▇▆▇ ▆▇ ▇▆▇▇ ▆▇▆ ▇▇ ▆▇▇▆▇ ▇▆ ▇▇▆ ▆▇▇ ▇▆▇▆ ▇▇▆ ▆▇ ▇▇▆▇▆ ▇▆▇ ▆▇▇ ▇▆ ▇▇▆▇ ▆▇▆▇ ▇▆ ▇▇▆ ▆▇▇▆ ▇▇ ▆▇▆ ▇▇▆▇ ▆▇ ▇▆▇▇ ▆▇▆ ▇▇ ▆▇▇▆▇ ▇▆ ▇▇▆ ▆▇▇ ▇▆▇▆ ▇▇▆ ▆▇ ▇▇▆▇▆ ▇▆▇ ▆▇▇ ▇▆ ▇▇▆▇ ▆▇▆▇ ▇▆ ▇▇▆ ▆▇▇▆ ▇▇ ▆▇▆ ▇▇▆▇ ▆▇ ▇▆▇▇ ▆▇▆ ▇▇ ▆▇▇▆▇ ▇▆ ▇▇▆ ▆▇▇ ▇▆▇▆ ▇▇▆ ▆▇ ▇▇▆▇▆ ▇▆▇ ▆▇▇ ▇▆ ▇▇▆▇ ▆▇▆▇ ▇▆ ▇▇▆ ▆▇▇▆ ▇▇ ▆▇▆ ▇▇▆▇ ▆▇ ▇▆▇▇ ▆▇▆ ▇▇ ▆▇▇▆▇ ▇▆ ▇▇▆ ▆▇▇ ▇▆▇▆ ▇▇▆ ▆▇ ▇▇▆▇▆ ▇▆▇ ▆▇▇ ▇▆ ▇▇▆▇ ▆▇▆▇ ▇▆ ▇▇▆ ▆▇▇▆ ▇▇ ▆▇▆ ▇▇▆▇ ▆▇ ▇▆▇▇ ▆▇▆ ▇▇ ▆▇▇▆▇ ▇▆ ▇▇▆ ▆▇▇ ▇▆▇▆ ▇▇▆ ▆▇ ▇▇▆▇▆ ▇▆▇ ▆▇▇ ▇▆ ▇▇▆▇ ▆▇▆▇ ▇▆ ▇▇▆ ▆▇▇▆ ▇▇ ▆▇▆ ▇▇▆▇ ▆▇ ▇▆▇▇ ▆▇▆ ▇▇ ▆▇▇▆▇ ▇▆ ▇▇▆ ▆▇▇ ▇▆▇▆ ▇▇▆ ▆▇ ▇▇▆▇▆ ▇▆▇ ▆▇▇ ▇▆ ▇▇▆▇ ▆▇▆▇ ▇▆ ▇▇▆ ▆▇▇▆ ▇▇ ▆▇▆ ▇▇▆▇ ▆▇ ▇▆▇▇ ▆▇▆ ▇▇ ▆▇▇▆▇ ▇▆ ▇▇▆ ▆▇▇ ▇▆▇▆ ▇▇▆ ▆▇ ▇▇▆▇▆ ▇▆▇ ▆▇▇ ▇▆ ▇▇▆▇ ▆▇▆▇ ▇▆ ▇▇▆ ▆▇▇▆ ▇▇ ▆▇▆ ▇▇▆▇ ▆▇ ▇▆▇▇ ▆▇▆ ▇▇ ▆▇▇▆▇ ▇▆ ▇▇▆ ▆▇▇ ▇▆▇▆ ▇▇▆ ▆▇ ▇▇▆▇▆ ▇▆▇ ▆▇▇ ▇▆ ▇▇▆▇ ▆▇▆▇ ▇▆ ▇▇▆ ▆▇▇▆ ▇▇ ▆▇▆ ▇▇▆▇ ▆▇ ▇▆▇▇ ▆▇▆ ▇▇ ▆▇▇▆▇ ▇▆ ▇▇▆ ▆▇▇ ▇▆▇▆ ▇▇▆ ▆▇ ▇▇▆▇▆ ▇▆▇ ▆▇▇ ▇▆ ▇▇▆▇ ▆▇▆▇ ▇▆ ▇▇▆ ▆▇▇▆ ▇▇ ▆▇▆ ▇▇▆▇ ▆▇ ▇▆▇▇ ▆▇▆ ▇▇ ▆▇▇▆▇ ▇▆ ▇▇▆ ▆▇▇ ▇▆▇▆ ▇▇▆ ▆▇ ▇▇▆▇▆ ▇▆▇ ▆▇▇ ▇▆ ▇▇▆▇ ▆▇▆▇
飛盤躲避球 顛覆傳統體育課
▇▆▇ ▆▇▇▆ ▇▆ ▇▇▆▇ ▆▇ ▇▆▇▇ ▆▇▆ ▇▇ ▆▇▇▆▇ ▇▆ ▇▇▆ ▆▇▇ ▇▆▇▆ ▇▇▆ ▆▇ ▇▇▆▇▆ ▇▆▇ ▆▇▇ ▇▆ ▇▇▆▇ ▆▇▆▇ ▇▆ ▇▇▆ ▆▇▇▆ ▇▇ ▆▇▆ ▇▇▆▇ ▆▇ ▇▆▇▇ ▆▇▆ ▇▇ ▆▇▇▆▇ ▇▆ ▇▇▆ ▆▇▇ ▇▆▇▆ ▇▇▆ ▆▇ ▇▇▆▇▆ ▇▆▇ ▆▇▇ ▇▆ ▇▇▆▇ ▆▇▆▇ ▇▆ ▇▇▆ ▆▇▇▆ ▇▇ ▆▇▆ ▇▇▆▇ ▆▇ ▇▆▇▇ ▆▇▆ ▇▇ ▆▇▇▆▇ ▇▆ ▇▇▆ ▆▇▇ ▇▆▇▆ ▇▇▆ ▆▇ ▇▇▆▇▆ ▇▆▇ ▆▇▇ ▇▆ ▇▇▆▇ ▆▇▆▇ ▇▆ ▇▇▆ ▆▇▇▆ ▇▇ ▆▇▆ ▇▇▆▇ ▆▇ ▇▆▇▇ ▆▇▆ ▇▇ ▆▇▇▆▇ ▇▆ ▇▇▆ ▆▇▇ ▇▆▇▆ ▇▇▆ ▆▇ ▇▇▆▇▆ ▇▆▇ ▆▇▇ ▇▆ ▇▇▆▇ ▆▇▆▇ ▇▆ ▇▇▆ ▆▇▇▆ ▇▇ ▆▇▆ ▇▇▆▇ ▆▇ ▇▆▇▇ ▆▇▆ ▇▇ ▆▇▇▆▇ ▇▆ ▇▇▆ ▆▇▇ ▇▆▇▆ ▇▇▆ ▆▇ ▇▇▆▇▆ ▇▆▇ ▆▇▇ ▇▆ ▇▇▆▇ ▆▇▆▇ ▇▆ ▇▇▆ ▆▇▇▆ ▇▇ ▆▇▆ ▇▇▆▇ ▆▇ ▇▆▇▇ ▆▇▆ ▇▇ ▆▇▇▆▇ ▇▆ ▇▇▆ ▆▇▇ ▇▆▇▆ ▇▇▆ ▆▇ ▇▇▆▇▆ ▇▆▇ ▆▇▇ ▇▆ ▇▇▆▇ ▆▇▆▇ ▇▆ ▇▇▆ ▆▇▇▆ ▇▇ ▆▇▆ ▇▇▆▇ ▆▇ ▇▆▇▇ ▆▇▆ ▇▇ ▆▇▇▆▇ ▇▆ ▇▇▆ ▆▇▇ ▇▆▇▆ ▇▇▆ ▆▇ ▇▇▆▇▆ ▇▆▇ ▆▇▇ ▇▆ ▇▇▆▇ ▆▇▆▇ ▇▆ ▇▇▆ ▆▇▇▆ ▇▇ ▆▇▆ ▇▇▆▇ ▆▇ ▇▆▇▇ ▆▇▆ ▇▇ ▆▇▇▆▇ ▇▆ ▇▇▆ ▆▇▇ ▇▆▇▆ ▇▇▆ ▆▇ ▇▇▆▇▆ ▇▆▇ ▆▇▇ ▇▆ ▇▇▆▇ ▆▇▆▇ ▇▆ ▇▇▆ ▆▇▇▆ ▇▇ ▆▇▆ ▇▇▆▇ ▆▇ ▇▆▇▇ ▆▇▆ ▇▇ ▆▇▇▆▇ ▇▆ ▇▇▆ ▆▇▇ ▇▆▇▆ ▇▇▆ ▆▇ ▇▇▆▇▆ ▇▆▇ ▆▇▇ ▇▆ ▇▇▆▇ ▆▇▆▇ ▇▆ ▇▇▆ ▆▇▇▆ ▇▇ ▆▇▆ ▇▇▆▇ ▆▇ ▇▆▇▇ ▆▇▆ ▇▇ ▆▇▇▆▇ ▇▆ ▇▇▆ ▆▇▇ ▇▆▇▆ ▇▇▆ ▆▇ ▇▇▆▇▆ ▇▆▇ ▆▇▇ ▇▆ ▇▇▆▇ ▆▇▆▇ ▇▆ ▇▇▆ ▆▇▇▆ ▇▇ ▆▇▆ ▇▇▆▇ ▆▇ ▇▆▇▇ ▆▇▆ ▇▇ ▆▇▇▆▇ ▇▆ ▇▇▆ ▆▇▇ ▇▆▇▆ ▇▇▆ ▆▇ ▇▇▆▇▆ ▇▆▇ ▆▇▇ ▇▆ ▇▇▆▇ ▆▇▆▇ ▇▆ ▇▇▆ ▆▇▇▆ ▇▇ ▆▇▆ ▇▇▆▇ ▆▇ ▇▆▇▇ ▆▇▆ ▇▇ ▆▇▇▆▇ ▇▆ ▇▇▆ ▆▇▇ ▇▆▇▆ ▇▇▆ ▆▇ ▇▇▆▇▆ ▇▆▇ ▆▇▇ ▇▆ ▇▇▆▇ ▆▇▆▇ ▇▆ ▇▇▆ ▆▇▇▆ ▇▇ ▆▇▆ ▇▇▆▇ ▆▇ ▇▆▇▇ ▆▇▆ ▇▇ ▆▇▇▆▇ ▇▆ ▇▇▆ ▆▇▇ ▇▆▇▆ ▇▇▆ ▆▇ ▇▇▆▇▆ ▇▆▇ ▆▇▇ ▇▆ ▇▇▆▇ ▆▇▆▇ ▇▆ ▇▇▆ ▆▇▇▆ ▇▇ ▆▇▆ ▇▇▆▇ ▆▇ ▇▆▇▇ ▆▇▆ ▇▇ ▆▇▇▆▇ ▇▆ ▇▇▆ ▆▇▇ ▇▆▇▆ ▇▇▆ ▆▇ ▇▇▆▇▆ ▇▆▇ ▆▇▇ ▇▆ ▇▇▆▇ ▆▇▆▇ ▇▆ ▇▇▆ ▆▇▇▆ ▇▇ ▆▇▆ ▇▇▆▇ ▆▇ ▇▆▇▇ ▆▇▆ ▇▇ ▆▇▇▆▇ ▇▆ ▇▇▆ ▆▇▇ ▇▆▇▆ ▇▇▆ ▆▇ ▇▇▆▇▆ ▇▆▇ ▆▇▇ ▇▆ ▇▇▆▇ ▆▇▆▇ ▇▆ ▇▇▆ ▆▇▇▆ ▇▇ ▆▇▆ ▇▇▆▇ ▆▇ ▇▆▇▇ ▆▇▆ ▇▇ ▆▇▇▆▇ ▇▆ ▇▇▆ ▆▇▇ ▇▆▇▆ ▇▇▆ ▆▇ ▇▇▆▇▆ ▇▆▇ ▆▇▇ ▇▆ ▇▇▆▇ ▆▇▆▇ ▇▆ ▇▇▆ ▆▇▇▆ ▇▇ ▆▇▆ ▇▇▆▇ ▆▇ ▇▆▇▇ ▆▇▆ ▇▇ ▆▇▇▆▇ ▇▆ ▇▇▆ ▆▇▇ ▇▆▇▆ ▇▇▆ ▆▇ ▇▇▆▇▆ ▇▆▇ ▆▇▇ ▇▆ ▇▇▆▇ ▆▇▆▇ ▇▆ ▇▇▆ ▆▇▇▆ ▇▇ ▆▇▆ ▇▇▆▇ ▆▇ ▇▆▇▇ ▆▇▆ ▇▇ ▆▇▇▆▇ ▇▆ ▇▇▆ ▆▇▇ ▇▆▇▆ ▇▇▆ ▆▇ ▇▇▆▇▆ ▇▆▇ ▆▇▇ ▇▆ ▇▇▆▇ ▆▇▆▇
跆拳道世青賽 中華1金2銅作收
▇▆▇ ▆▇▇▆ ▇▆ ▇▇▆▇ ▆▇ ▇▆▇▇ ▆▇▆ ▇▇ ▆▇▇▆▇ ▇▆ ▇▇▆ ▆▇▇ ▇▆▇▆ ▇▇▆ ▆▇ ▇▇▆▇▆ ▇▆▇ ▆▇▇ ▇▆ ▇▇▆▇ ▆▇▆▇ ▇▆ ▇▇▆ ▆▇▇▆ ▇▇ ▆▇▆ ▇▇▆▇ ▆▇ ▇▆▇▇ ▆▇▆ ▇▇ ▆▇▇▆▇ ▇▆ ▇▇▆ ▆▇▇ ▇▆▇▆ ▇▇▆ ▆▇ ▇▇▆▇▆ ▇▆▇ ▆▇▇ ▇▆ ▇▇▆▇ ▆▇▆▇ ▇▆ ▇▇▆ ▆▇▇▆ ▇▇ ▆▇▆ ▇▇▆▇ ▆▇ ▇▆▇▇ ▆▇▆ ▇▇ ▆▇▇▆▇ ▇▆ ▇▇▆ ▆▇▇ ▇▆▇▆ ▇▇▆ ▆▇ ▇▇▆▇▆ ▇▆▇ ▆▇▇ ▇▆ ▇▇▆▇ ▆▇▆▇ ▇▆ ▇▇▆ ▆▇▇▆ ▇▇ ▆▇▆ ▇▇▆▇ ▆▇ ▇▆▇▇ ▆▇▆ ▇▇ ▆▇▇▆▇ ▇▆ ▇▇▆ ▆▇▇ ▇▆▇▆ ▇▇▆ ▆▇ ▇▇▆▇▆ ▇▆▇ ▆▇▇ ▇▆ ▇▇▆▇ ▆▇▆▇ ▇▆ ▇▇▆ ▆▇▇▆ ▇▇ ▆▇▆ ▇▇▆▇ ▆▇ ▇▆▇▇ ▆▇▆ ▇▇ ▆▇▇▆▇ ▇▆ ▇▇▆ ▆▇▇ ▇▆▇▆ ▇▇▆ ▆▇ ▇▇▆▇▆ ▇▆▇ ▆▇▇ ▇▆ ▇▇▆▇ ▆▇▆▇ ▇▆ ▇▇▆ ▆▇▇▆ ▇▇ ▆▇▆ ▇▇▆▇ ▆▇ ▇▆▇▇ ▆▇▆ ▇▇ ▆▇▇▆▇ ▇▆ ▇▇▆ ▆▇▇ ▇▆▇▆ ▇▇▆ ▆▇ ▇▇▆▇▆ ▇▆▇ ▆▇▇ ▇▆ ▇▇▆▇ ▆▇▆▇ ▇▆ ▇▇▆ ▆▇▇▆ ▇▇ ▆▇▆ ▇▇▆▇ ▆▇ ▇▆▇▇ ▆▇▆ ▇▇ ▆▇▇▆▇ ▇▆ ▇▇▆ ▆▇▇ ▇▆▇▆ ▇▇▆ ▆▇ ▇▇▆▇▆ ▇▆▇ ▆▇▇ ▇▆ ▇▇▆▇ ▆▇▆▇ ▇▆ ▇▇▆ ▆▇▇▆ ▇▇ ▆▇▆ ▇▇▆▇ ▆▇ ▇▆▇▇ ▆▇▆ ▇▇ ▆▇▇▆▇ ▇▆ ▇▇▆ ▆▇▇ ▇▆▇▆ ▇▇▆ ▆▇ ▇▇▆▇▆ ▇▆▇ ▆▇▇ ▇▆ ▇▇▆▇ ▆▇▆▇ ▇▆ ▇▇▆ ▆▇▇▆ ▇▇ ▆▇▆ ▇▇▆▇ ▆▇ ▇▆▇▇ ▆▇▆ ▇▇ ▆▇▇▆▇ ▇▆ ▇▇▆ ▆▇▇ ▇▆▇▆ ▇▇▆ ▆▇ ▇▇▆▇▆ ▇▆▇ ▆▇▇ ▇▆ ▇▇▆▇ ▆▇▆▇ ▇▆ ▇▇▆ ▆▇▇▆ ▇▇ ▆▇▆ ▇▇▆▇ ▆▇ ▇▆▇▇ ▆▇▆ ▇▇ ▆▇▇▆▇ ▇▆ ▇▇▆ ▆▇▇ ▇▆▇▆ ▇▇▆ ▆▇ ▇▇▆▇▆ ▇▆▇ ▆▇▇ ▇▆ ▇▇▆▇ ▆▇▆▇ ▇▆ ▇▇▆ ▆▇▇▆ ▇▇ ▆▇▆ ▇▇▆▇ ▆▇ ▇▆▇▇ ▆▇▆ ▇▇ ▆▇▇▆▇ ▇▆ ▇▇▆ ▆▇▇ ▇▆▇▆ ▇▇▆ ▆▇ ▇▇▆▇▆ ▇▆▇ ▆▇▇ ▇▆ ▇▇▆▇ ▆▇▆▇ ▇▆ ▇▇▆ ▆▇▇▆ ▇▇ ▆▇▆ ▇▇▆▇ ▆▇ ▇▆▇▇ ▆▇▆ ▇▇ ▆▇▇▆▇ ▇▆ ▇▇▆ ▆▇▇ ▇▆▇▆ ▇▇▆ ▆▇ ▇▇▆▇▆ ▇▆▇ ▆▇▇ ▇▆ ▇▇▆▇ ▆▇▆▇ ▇▆ ▇▇▆ ▆▇▇▆ ▇▇ ▆▇▆ ▇▇▆▇ ▆▇ ▇▆▇▇ ▆▇▆ ▇▇ ▆▇▇▆▇ ▇▆ ▇▇▆ ▆▇▇ ▇▆▇▆ ▇▇▆ ▆▇ ▇▇▆▇▆ ▇▆▇ ▆▇▇ ▇▆ ▇▇▆▇ ▆▇▆▇ ▇▆ ▇▇▆ ▆▇▇▆ ▇▇ ▆▇▆ ▇▇▆▇ ▆▇ ▇▆▇▇ ▆▇▆ ▇▇ ▆▇▇▆▇ ▇▆ ▇▇▆ ▆▇▇ ▇▆▇▆ ▇▇▆ ▆▇ ▇▇▆▇▆ ▇▆▇ ▆▇▇ ▇▆ ▇▇▆▇ ▆▇▆▇ ▇▆ ▇▇▆ ▆▇▇▆ ▇▇ ▆▇▆ ▇▇▆▇ ▆▇ ▇▆▇▇ ▆▇▆ ▇▇ ▆▇▇▆▇ ▇▆ ▇▇▆ ▆▇▇ ▇▆▇▆ ▇▇▆ ▆▇ ▇▇▆▇▆ ▇▆▇ ▆▇▇ ▇▆ ▇▇▆▇ ▆▇▆▇ ▇▆ ▇▇▆ ▆▇▇▆ ▇▇ ▆▇▆ ▇▇▆▇ ▆▇ ▇▆▇▇ ▆▇▆ ▇▇ ▆▇▇▆▇ ▇▆ ▇▇▆ ▆▇▇ ▇▆▇▆ ▇▇▆ ▆▇ ▇▇▆▇▆ ▇▆▇ ▆▇▇ ▇▆ ▇▇▆▇ ▆▇▆▇ ▇▆ ▇▇▆ ▆▇▇▆ ▇▇ ▆▇▆ ▇▇▆▇ ▆▇ ▇▆▇▇ ▆▇▆ ▇▇ ▆▇▇▆▇ ▇▆ ▇▇▆ ▆▇▇ ▇▆▇▆ ▇▇▆ ▆▇ ▇▇▆▇▆ ▇▆▇ ▆▇▇ ▇▆ ▇▇▆▇ ▆▇▆▇ ▇▆ ▇▇▆ ▆▇▇▆ ▇▇ ▆▇▆ ▇▇▆▇ ▆▇ ▇▆▇▇ ▆▇▆ ▇▇ ▆▇▇▆▇ ▇▆ ▇▇▆ ▆▇▇ ▇▆▇▆ ▇▇▆ ▆▇ ▇▇▆▇▆ ▇▆▇ ▆▇▇ ▇▆ ▇▇▆▇ ▆▇▆▇
▇▆▇ ▆▇▇▆ ▇▆ ▇▇▆▇ ▆▇ ▇▆▇▇ ▆▇▆ ▇▇ ▆▇▇▆▇ ▇▆ ▇▇▆ ▆▇▇ ▇▆▇▆ ▇▇▆ ▆▇ ▇▇▆▇▆ ▇▆▇ ▆▇▇ ▇▆ ▇▇▆▇ ▆▇▆▇ ▇▆ ▇▇▆ ▆▇▇▆ ▇▇ ▆▇▆ ▇▇▆▇ ▆▇ ▇▆▇▇ ▆▇▆ ▇▇ ▆▇▇▆▇ ▇▆ ▇▇▆ ▆▇▇ ▇▆▇▆ ▇▇▆ ▆▇ ▇▇▆▇▆ ▇▆▇ ▆▇▇ ▇▆ ▇▇▆▇ ▆▇▆▇ ▇▆ ▇▇▆ ▆▇▇▆ ▇▇ ▆▇▆ ▇▇▆▇ ▆▇ ▇▆▇▇ ▆▇▆ ▇▇ ▆▇▇▆▇ ▇▆ ▇▇▆ ▆▇▇ ▇▆▇▆ ▇▇▆ ▆▇ ▇▇▆▇▆ ▇▆▇ ▆▇▇ ▇▆ ▇▇▆▇ ▆▇▆▇ ▇▆ ▇▇▆ ▆▇▇▆ ▇▇ ▆▇▆ ▇▇▆▇ ▆▇ ▇▆▇▇ ▆▇▆ ▇▇ ▆▇▇▆▇ ▇▆ ▇▇▆ ▆▇▇ ▇▆▇▆ ▇▇▆ ▆▇ ▇▇▆▇▆ ▇▆▇ ▆▇▇ ▇▆ ▇▇▆▇ ▆▇▆▇ ▇▆ ▇▇▆ ▆▇▇▆ ▇▇ ▆▇▆ ▇▇▆▇ ▆▇ ▇▆▇▇ ▆▇▆ ▇▇ ▆▇▇▆▇ ▇▆ ▇▇▆ ▆▇▇ ▇▆▇▆ ▇▇▆ ▆▇ ▇▇▆▇▆ ▇▆▇ ▆▇▇ ▇▆ ▇▇▆▇ ▆▇▆▇ ▇▆ ▇▇▆ ▆▇▇▆ ▇▇ ▆▇▆ ▇▇▆▇ ▆▇ ▇▆▇▇ ▆▇▆ ▇▇ ▆▇▇▆▇ ▇▆ ▇▇▆ ▆▇▇ ▇▆▇▆ ▇▇▆ ▆▇ ▇▇▆▇▆ ▇▆▇ ▆▇▇ ▇▆ ▇▇▆▇ ▆▇▆▇ ▇▆ ▇▇▆ ▆▇▇▆ ▇▇ ▆▇▆ ▇▇▆▇ ▆▇ ▇▆▇▇ ▆▇▆ ▇▇ ▆▇▇▆▇ ▇▆ ▇▇▆ ▆▇▇ ▇▆▇▆ ▇▇▆ ▆▇ ▇▇▆▇▆ ▇▆▇ ▆▇▇ ▇▆ ▇▇▆▇ ▆▇▆▇ ▇▆ ▇▇▆ ▆▇▇▆ ▇▇ ▆▇▆ ▇▇▆▇ ▆▇ ▇▆▇▇ ▆▇▆ ▇▇ ▆▇▇▆▇ ▇▆ ▇▇▆ ▆▇▇ ▇▆▇▆ ▇▇▆ ▆▇ ▇▇▆▇▆ ▇▆▇ ▆▇▇ ▇▆ ▇▇▆▇ ▆▇▆▇ ▇▆ ▇▇▆ ▆▇▇▆ ▇▇ ▆▇▆ ▇▇▆▇ ▆▇ ▇▆▇▇ ▆▇▆ ▇▇ ▆▇▇▆▇ ▇▆ ▇▇▆ ▆▇▇ ▇▆▇▆ ▇▇▆ ▆▇ ▇▇▆▇▆ ▇▆▇ ▆▇▇ ▇▆ ▇▇▆▇ ▆▇▆▇ ▇▆ ▇▇▆ ▆▇▇▆ ▇▇ ▆▇▆ ▇▇▆▇ ▆▇ ▇▆▇▇ ▆▇▆ ▇▇ ▆▇▇▆▇ ▇▆ ▇▇▆ ▆▇▇ ▇▆▇▆ ▇▇▆ ▆▇ ▇▇▆▇▆ ▇▆▇ ▆▇▇ ▇▆ ▇▇▆▇ ▆▇▆▇ ▇▆ ▇▇▆ ▆▇▇▆ ▇▇ ▆▇▆ ▇▇▆▇ ▆▇ ▇▆▇▇ ▆▇▆ ▇▇ ▆▇▇▆▇ ▇▆ ▇▇▆ ▆▇▇ ▇▆▇▆ ▇▇▆ ▆▇ ▇▇▆▇▆ ▇▆▇ ▆▇▇ ▇▆ ▇▇▆▇ ▆▇▆▇ ▇▆ ▇▇▆ ▆▇▇▆ ▇▇ ▆▇▆ ▇▇▆▇ ▆▇ ▇▆▇▇ ▆▇▆ ▇▇ ▆▇▇▆▇ ▇▆ ▇▇▆ ▆▇▇ ▇▆▇▆ ▇▇▆ ▆▇ ▇▇▆▇▆ ▇▆▇ ▆▇▇ ▇▆ ▇▇▆▇ ▆▇▆▇ ▇▆ ▇▇▆ ▆▇▇▆ ▇▇ ▆▇▆ ▇▇▆▇ ▆▇ ▇▆▇▇ ▆▇▆ ▇▇ ▆▇▇▆▇ ▇▆ ▇▇▆ ▆▇▇ ▇▆▇▆ ▇▇▆ ▆▇ ▇▇▆▇▆ ▇▆▇ ▆▇▇ ▇▆ ▇▇▆▇ ▆▇▆▇ ▇▆ ▇▇▆ ▆▇▇▆ ▇▇ ▆▇▆ ▇▇▆▇ ▆▇ ▇▆▇▇ ▆▇▆ ▇▇ ▆▇▇▆▇ ▇▆ ▇▇▆ ▆▇▇ ▇▆▇▆ ▇▇▆ ▆▇ ▇▇▆▇▆ ▇▆▇ ▆▇▇ ▇▆ ▇▇▆▇ ▆▇▆▇ ▇▆ ▇▇▆ ▆▇▇▆ ▇▇ ▆▇▆ ▇▇▆▇ ▆▇ ▇▆▇▇ ▆▇▆ ▇▇ ▆▇▇▆▇ ▇▆ ▇▇▆ ▆▇▇ ▇▆▇▆ ▇▇▆ ▆▇ ▇▇▆▇▆ ▇▆▇ ▆▇▇ ▇▆ ▇▇▆▇ ▆▇▆▇ ▇▆ ▇▇▆ ▆▇▇▆ ▇▇ ▆▇▆ ▇▇▆▇ ▆▇ ▇▆▇▇ ▆▇▆ ▇▇ ▆▇▇▆▇ ▇▆ ▇▇▆ ▆▇▇ ▇▆▇▆ ▇▇▆ ▆▇ ▇▇▆▇▆ ▇▆▇ ▆▇▇ ▇▆ ▇▇▆▇ ▆▇▆▇ ▇▆ ▇▇▆ ▆▇▇▆ ▇▇ ▆▇▆ ▇▇▆▇ ▆▇ ▇▆▇▇ ▆▇▆ ▇▇ ▆▇▇▆▇ ▇▆ ▇▇▆ ▆▇▇ ▇▆▇▆ ▇▇▆ ▆▇ ▇▇▆▇▆ ▇▆▇ ▆▇▇ ▇▆ ▇▇▆▇ ▆▇▆▇ ▇▆ ▇▇▆ ▆▇▇▆ ▇▇ ▆▇▆ ▇▇▆▇ ▆▇ ▇▆▇▇ ▆▇▆ ▇▇ ▆▇▇▆▇ ▇▆ ▇▇▆ ▆▇▇ ▇▆▇▆ ▇▇▆ ▆▇ ▇▇▆▇▆ ▇▆▇ ▆▇▇ ▇▆ ▇▇▆▇ ▆▇▆▇
教育短訊
四技二專統測 考科微調 ▇▆▇ ▆▇▇▆ ▇▆ ▇▇▆▇ ▆▇ ▇▆▇▇ ▆▇▆ ▇▇ ▆▇▇▆▇ ▇▆ ▇▇▆ ▆▇▇ ▇▆▇▆ ▇▇▆ ▆▇ ▇▇▆▇▆ ▇▆▇ ▆▇▇ ▇▆ ▇▇▆▇ ▆▇▆▇ ▇▆ ▇▇▆ ▆▇▇▆ ▇▇ ▆▇▆ ▇▇▆▇ ▆▇ ▇▆▇▇ ▆▇▆ ▇▇ ▆▇▇▆▇ ▇▆ ▇▇▆ ▆▇▇ ▇▆▇▆ ▇▇▆ ▆▇ ▇▇▆▇▆ ▇▆▇ ▆▇▇ ▇▆ ▇▇▆▇ ▆▇▆▇ ▇▆ ▇▇▆ ▆▇▇▆ ▇▇ ▆▇▆ ▇▇▆▇ ▆▇ ▇▆▇▇ ▆▇▆ ▇▇ ▆▇▇▆▇ ▇▆ ▇▇▆ ▆▇▇ ▇▆▇▆ ▇▇▆ ▆▇ ▇▇▆▇▆ ▇▆▇ ▆▇▇ ▇▆ ▇▇▆▇ ▆▇▆▇ ▇▆ ▇▇▆ ▆▇▇▆ ▇▇ ▆▇▆ ▇▇▆▇ ▆▇ ▇▆▇▇ ▆▇▆ ▇▇ ▆▇▇▆▇ ▇▆ ▇▇▆ ▆▇▇ ▇▆▇▆ ▇▇▆ ▆▇ ▇▇▆▇▆ ▇▆▇ ▆▇▇ ▇▆ ▇▇▆▇ ▆▇▆▇ ▇▆ ▇▇▆ ▆▇▇▆ ▇▇ ▆▇▆ ▇▇▆▇ ▆▇ ▇▆▇▇ ▆▇▆ ▇▇ ▆▇▇▆▇ ▇▆ ▇▇▆ ▆▇▇ ▇▆▇▆ ▇▇▆ ▆▇ ▇▇▆▇▆ ▇▆▇ ▆▇▇ ▇▆ ▇▇▆▇ ▆▇▆▇ ▇▆ ▇▇▆ ▆▇▇▆ ▇▇ ▆▇▆ ▇▇▆▇ ▆▇ ▇▆▇▇ ▆▇▆ ▇▇ ▆▇▇▆▇ ▇▆ ▇▇▆ ▆▇▇ ▇▆▇▆ ▇▇▆ ▆▇ ▇▇▆▇▆ ▇▆▇ ▆▇▇ ▇▆ ▇▇▆▇ ▆▇▆▇ ▇▆ ▇▇▆ ▆▇▇▆ ▇▇ ▆▇▆ ▇▇▆▇ ▆▇ ▇▆▇▇ ▆▇▆ ▇▇ ▆▇▇▆▇ ▇▆ ▇▇▆ ▆▇▇ ▇▆▇▆ ▇▇▆ ▆▇ ▇▇▆▇▆ ▇▆▇ ▆▇▇ ▇▆ ▇▇▆▇ ▆▇▆▇ ▇▆ ▇▇▆ ▆▇▇▆ ▇▇ ▆▇▆ ▇▇▆▇ ▆▇ ▇▆▇▇ ▆▇▆ ▇▇ ▆▇▇▆▇ ▇▆ ▇▇▆ ▆▇▇ ▇▆▇▆ ▇▇▆ ▆▇ ▇▇▆▇▆ ▇▆▇ ▆▇▇ ▇▆ ▇▇▆▇ ▆▇▆▇ ▇▆ ▇▇▆ ▆▇▇▆ ▇▇ ▆▇▆ ▇▇▆▇ ▆▇ ▇▆▇▇ ▆▇▆ ▇▇ ▆▇▇▆▇ ▇▆ ▇▇▆ ▆▇▇ ▇▆▇▆ ▇▇▆ ▆▇ ▇▇▆▇▆ ▇▆▇ ▆▇▇ ▇▆ ▇▇▆▇ ▆▇▆▇ ▇▆ ▇▇▆ ▆▇▇▆ ▇▇ ▆▇▆ ▇▇▆▇ ▆▇ ▇▆▇▇ ▆▇▆ ▇▇ ▆▇▇▆▇ ▇▆ ▇▇▆ ▆▇▇ ▇▆▇▆ ▇▇▆ ▆▇ ▇▇▆▇▆ ▇▆▇ ▆▇▇ ▇▆ ▇▇▆▇ ▆▇▆▇ ▇▆ ▇▇▆ ▆▇▇▆ ▇▇ ▆▇▆ ▇▇▆▇ ▆▇ ▇▆▇▇ ▆▇▆ ▇▇ ▆▇▇▆▇ ▇▆ ▇▇▆ ▆▇▇ ▇▆▇▆ ▇▇▆ ▆▇ ▇▇▆▇▆ ▇▆▇ ▆▇▇ ▇▆ ▇▇▆▇ ▆▇▆▇ ▇▆ ▇▇▆ ▆▇▇▆ ▇▇ ▆▇▆ ▇▇▆▇ ▆▇ ▇▆▇▇ ▆▇▆ ▇▇ ▆▇▇▆▇ ▇▆ ▇▇▆ ▆▇▇ ▇▆▇▆ ▇▇▆ ▆▇ ▇▇▆▇▆ ▇▆▇ ▆▇▇ ▇▆ ▇▇▆▇ ▆▇▆▇ ▇▆ ▇▇▆ ▆▇▇▆ ▇▇ ▆▇▆ ▇▇▆▇ ▆▇ ▇▆▇▇ ▆▇▆ ▇▇ ▆▇▇▆▇ ▇▆ ▇▇▆ ▆▇▇ ▇▆▇▆ ▇▇▆ ▆▇ ▇▇▆▇▆ ▇▆▇ ▆▇▇ ▇▆ ▇▇▆▇ ▆▇▆▇ ▇▆ ▇▇▆ ▆▇▇▆ ▇▇ ▆▇▆ ▇▇▆▇ ▆▇ ▇▆▇▇ ▆▇▆ ▇▇ ▆▇▇▆▇ ▇▆ ▇▇▆ ▆▇▇ ▇▆▇▆ ▇▇▆ ▆▇ ▇▇▆▇▆ ▇▆▇ ▆▇▇ ▇▆ ▇▇▆▇ ▆▇▆▇ ▇▆ ▇▇▆ ▆▇▇▆ ▇▇ ▆▇▆ ▇▇▆▇ ▆▇ ▇▆▇▇ ▆▇▆ ▇▇ ▆▇▇▆▇ ▇▆ ▇▇▆ ▆▇▇ ▇▆▇▆ ▇▇▆ ▆▇ ▇▇▆▇▆ ▇▆▇ ▆▇▇ ▇▆ ▇▇▆▇ ▆▇▆▇ ▇▆ ▇▇▆ ▆▇▇▆ ▇▇ ▆▇▆ ▇▇▆▇ ▆▇ ▇▆▇▇ ▆▇▆ ▇▇ ▆▇▇▆▇ ▇▆ ▇▇▆ ▆▇▇ ▇▆▇▆ ▇▇▆ ▆▇ ▇▇▆▇▆ ▇▆▇ ▆▇▇ ▇▆ ▇▇▆▇ ▆▇▆▇ ▇▆ ▇▇▆ ▆▇▇▆ ▇▇ ▆▇▆ ▇▇▆▇ ▆▇ ▇▆▇▇ ▆▇▆ ▇▇ ▆▇▇▆▇ ▇▆ ▇▇▆ ▆▇▇ ▇▆▇▆ ▇▇▆ ▆▇ ▇▇▆▇▆ ▇▆▇ ▆▇▇ ▇▆ ▇▇▆▇ ▆▇▆▇ ▇▆ ▇▇▆ ▆▇▇▆ ▇▇ ▆▇▆ ▇▇▆▇ ▆▇ ▇▆▇▇ ▆▇▆ ▇▇ ▆▇▇▆▇ ▇▆ ▇▇▆ ▆▇▇ ▇▆▇▆ ▇▇▆ ▆▇ ▇▇▆▇▆ ▇▆▇ ▆▇▇ ▇▆ ▇▇▆▇ ▆▇▆▇	赴美追夢 北濱烏克麗麗社盼援 ▇▆▇ ▆▇▇▆ ▇▆ ▇▇▆▇ ▆▇ ▇▆▇▇ ▆▇▆ ▇▇ ▆▇▇▆▇ ▇▆ ▇▇▆ ▆▇▇ ▇▆▇▆ ▇▇▆ ▆▇ ▇▇▆▇▆ ▇▆▇ ▆▇▇ ▇▆ ▇▇▆▇ ▆▇▆▇ ▇▆ ▇▇▆ ▆▇▇▆ ▇▇ ▆▇▆ ▇▇▆▇ ▆▇ ▇▆▇▇ ▆▇▆ ▇▇ ▆▇▇▆▇ ▇▆ ▇▇▆ ▆▇▇ ▇▆▇▆ ▇▇▆ ▆▇ ▇▇▆▇▆ ▇▆▇ ▆▇▇ ▇▆ ▇▇▆▇ ▆▇▆▇ ▇▆ ▇▇▆ ▆▇▇▆ ▇▇ ▆▇▆ ▇▇▆▇ ▆▇ ▇▆▇▇ ▆▇▆ ▇▇ ▆▇▇▆▇ ▇▆ ▇▇▆ ▆▇▇ ▇▆▇▆ ▇▇▆ ▆▇ ▇▇▆▇▆ ▇▆▇ ▆▇▇ ▇▆ ▇▇▆▇ ▆▇▆▇ ▇▆ ▇▇▆ ▆▇▇▆ ▇▇ ▆▇▆ ▇▇▆▇ ▆▇ ▇▆▇▇ ▆▇▆ ▇▇ ▆▇▇▆▇ ▇▆ ▇▇▆ ▆▇▇ ▇▆▇▆ ▇▇▆ ▆▇ ▇▇▆▇▆ ▇▆▇ ▆▇▇ ▇▆ ▇▇▆▇ ▆▇▆▇ ▇▆ ▇▇▆ ▆▇▇▆ ▇▇ ▆▇▆ ▇▇▆▇ ▆▇ ▇▆▇▇ ▆▇▆ ▇▇ ▆▇▇▆▇ ▇▆ ▇▇▆ ▆▇▇ ▇▆▇▆ ▇▇▆ ▆▇ ▇▇▆▇▆ ▇▆▇ ▆▇▇ ▇▆ ▇▇▆▇ ▆▇▆▇ ▇▆ ▇▇▆ ▆▇▇▆ ▇▇ ▆▇▆ ▇▇▆▇ ▆▇ ▇▆▇▇ ▆▇▆ ▇▇ ▆▇▇▆▇ ▇▆ ▇▇▆ ▆▇▇ ▇▆▇▆ ▇▇▆ ▆▇ ▇▇▆▇▆ ▇▆▇ ▆▇▇ ▇▆ ▇▇▆▇ ▆▇▆▇ ▇▆ ▇▇▆ ▆▇▇▆ ▇▇ ▆▇▆ ▇▇▆▇ ▆▇ ▇▆▇▇ ▆▇▆ ▇▇ ▆▇▇▆▇ ▇▆ ▇▇▆ ▆▇▇ ▇▆▇▆ ▇▇▆ ▆▇ ▇▇▆▇▆ ▇▆▇ ▆▇▇ ▇▆ ▇▇▆▇ ▆▇▆▇ ▇▆ ▇▇▆ ▆▇▇▆ ▇▇ ▆▇▆ ▇▇▆▇ ▆▇ ▇▆▇▇ ▆▇▆ ▇▇ ▆▇▇▆▇ ▇▆ ▇▇▆ ▆▇▇ ▇▆▇▆ ▇▇▆ ▆▇ ▇▇▆▇▆ ▇▆▇ ▆▇▇ ▇▆ ▇▇▆▇ ▆▇▆▇ ▇▆ ▇▇▆ ▆▇▇▆ ▇▇ ▆▇▆ ▇▇▆▇ ▆▇ ▇▆▇▇ ▆▇▆ ▇▇ ▆▇▇▆▇ ▇▆ ▇▇▆ ▆▇▇ ▇▆▇▆ ▇▇▆ ▆▇ ▇▇▆▇▆ ▇▆▇ ▆▇▇ ▇▆ ▇▇▆▇ ▆▇▆▇ ▇▆ ▇▇▆ ▆▇▇▆ ▇▇ ▆▇▆ ▇▇▆▇ ▆▇ ▇▆▇▇ ▆▇▆ ▇▇ ▆▇▇▆▇ ▇▆ ▇▇▆ ▆▇▇ ▇▆▇▆ ▇▇▆ ▆▇ ▇▇▆▇▆ ▇▆▇ ▆▇▇ ▇▆ ▇▇▆▇ ▆▇▆▇ ▇▆ ▇▇▆ ▆▇▇▆ ▇▇ ▆▇▆ ▇▇▆▇ ▆▇ ▇▆▇▇ ▆▇▆ ▇▇ ▆▇▇▆▇ ▇▆ ▇▇▆ ▆▇▇ ▇▆▇▆ ▇▇▆ ▆▇ ▇▇▆▇▆ ▇▆▇ ▆▇▇ ▇▆ ▇▇▆▇ ▆▇▆▇ ▇▆ ▇▇▆ ▆▇▇▆ ▇▇ ▆▇▆ ▇▇▆▇ ▆▇ ▇▆▇▇ ▆▇▆ ▇▇ ▆▇▇▆▇ ▇▆ ▇▇▆ ▆▇▇ ▇▆▇▆ ▇▇▆ ▆▇ ▇▇▆▇▆ ▇▆▇ ▆▇▇ ▇▆ ▇▇▆▇ ▆▇▆▇ ▇▆ ▇▇▆ ▆▇▇▆ ▇▇ ▆▇▆ ▇▇▆▇ ▆▇ ▇▆▇▇ ▆▇▆ ▇▇ ▆▇▇▆▇ ▇▆ ▇▇▆ ▆▇▇ ▇▆▇▆ ▇▇▆ ▆▇ ▇▇▆▇▆ ▇▆▇ ▆▇▇ ▇▆ ▇▇▆▇ ▆▇▆▇ ▇▆ ▇▇▆ ▆▇▇▆ ▇▇ ▆▇▆ ▇▇▆▇ ▆▇ ▇▆▇▇ ▆▇▆ ▇▇ ▆▇▇▆▇ ▇▆ ▇▇▆ ▆▇▇ ▇▆▇▆ ▇▇▆ ▆▇ ▇▇▆▇▆ ▇▆▇ ▆▇▇ ▇▆ ▇▇▆▇ ▆▇▆▇ ▇▆ ▇▇▆ ▆▇▇▆ ▇▇ ▆▇▆ ▇▇▆▇ ▆▇ ▇▆▇▇ ▆▇▆ ▇▇ ▆▇▇▆▇ ▇▆ ▇▇▆ ▆▇▇ ▇▆▇▆ ▇▇▆ ▆▇ ▇▇▆▇▆ ▇▆▇ ▆▇▇ ▇▆ ▇▇▆▇ ▆▇▆▇ ▇▆ ▇▇▆ ▆▇▇▆ ▇▇ ▆▇▆ ▇▇▆▇ ▆▇ ▇▆▇▇ ▆▇▆ ▇▇ ▆▇▇▆▇ ▇▆ ▇▇▆ ▆▇▇ ▇▆▇▆ ▇▇▆ ▆▇ ▇▇▆▇▆ ▇▆▇ ▆▇▇ ▇▆ ▇▇▆▇ ▆▇▆▇ ▇▆ ▇▇▆ ▆▇▇▆ ▇▇ ▆▇▆ ▇▇▆▇ ▆▇ ▇▆▇▇ ▆▇▆ ▇▇ ▆▇▇▆▇ ▇▆ ▇▇▆ ▆▇▇ ▇▆▇▆ ▇▇▆ ▆▇ ▇▇▆▇▆ ▇▆▇ ▆▇▇ ▇▆ ▇▇▆▇ ▆▇▆▇ ▇▆ ▇▇▆ ▆▇▇▆ ▇▇ ▆▇▆ ▇▇▆▇ ▆▇ ▇▆▇▇ ▆▇▆ ▇▇ ▆▇▇▆▇ ▇▆ ▇▇▆ ▆▇▇ ▇▆▇▆ ▇▇▆ ▆▇ ▇▇▆▇▆ ▇▆▇ ▆▇▇ ▇▆ ▇▇▆▇ ▆▇▆▇
▇▆▇ ▆▇▇▆ ▇▆ ▇▇▆▇ ▆▇ ▇▆▇▇ ▆▇▆ ▇▇ ▆▇▇▆▇ ▇▆ ▇▇▆ ▆▇▇ ▇▆▇▆ ▇▇▆ ▆▇ ▇▇▆▇▆ ▇▆▇ ▆▇▇ ▇▆ ▇▇▆▇ ▆▇▆▇ ▇▆ ▇▇▆ ▆▇▇▆ ▇▇ ▆▇▆ ▇▇▆▇ ▆▇ ▇▆▇▇ ▆▇▆ ▇▇ ▆▇▇▆▇ ▇▆ ▇▇▆ ▆▇▇ ▇▆▇▆ ▇▇▆ ▆▇ ▇▇▆▇▆ ▇▆▇ ▆▇▇ ▇▆ ▇▇▆▇ ▆▇▆▇ ▇▆ ▇▇▆ ▆▇▇▆ ▇▇ ▆▇▆ ▇▇▆▇ ▆▇ ▇▆▇▇ ▆▇▆ ▇▇ ▆▇▇▆▇ ▇▆ ▇▇▆ ▆▇▇ ▇▆▇▆ ▇▇▆ ▆▇ ▇▇▆▇▆ ▇▆▇ ▆▇▇ ▇▆ ▇▇▆▇ ▆▇▆▇ ▇▆ ▇▇▆ ▆▇▇▆ ▇▇ ▆▇▆ ▇▇▆▇ ▆▇ ▇▆▇▇ ▆▇▆ ▇▇ ▆▇▇▆▇ ▇▆ ▇▇▆ ▆▇▇ ▇▆▇▆ ▇▇▆ ▆▇ ▇▇▆▇▆ ▇▆▇ ▆▇▇ ▇▆ ▇▇▆▇ ▆▇▆▇ ▇▆ ▇▇▆ ▆▇▇▆ ▇▇ ▆▇▆ ▇▇▆▇ ▆▇ ▇▆▇▇ ▆▇▆ ▇▇ ▆▇▇▆▇ ▇▆ ▇▇▆ ▆▇▇ ▇▆▇▆ ▇▇▆ ▆▇ ▇▇▆▇▆ ▇▆▇ ▆▇▇ ▇▆ ▇▇▆▇ ▆▇▆▇ ▇▆ ▇▇▆ ▆▇▇▆ ▇▇ ▆▇▆ ▇▇▆▇ ▆▇ ▇▆▇▇ ▆▇▆ ▇▇ ▆▇▇▆▇ ▇▆ ▇▇▆ ▆▇▇ ▇▆▇▆ ▇▇▆ ▆▇ ▇▇▆▇▆ ▇▆▇ ▆▇▇ ▇▆ ▇▇▆▇ ▆▇▆▇ ▇▆ ▇▇▆ ▆▇▇▆ ▇▇ ▆▇▆ ▇▇▆▇ ▆▇ ▇▆▇▇ ▆▇▆ ▇▇ ▆▇▇▆▇ ▇▆ ▇▇▆ ▆▇▇ ▇▆▇▆ ▇▇▆ ▆▇ ▇▇▆▇▆ ▇▆▇ ▆▇▇ ▇▆ ▇▇▆▇ ▆▇▆▇ ▇▆ ▇▇▆ ▆▇▇▆ ▇▇ ▆▇▆ ▇▇▆▇ ▆▇ ▇▆▇▇ ▆▇▆ ▇▇ ▆▇▇▆▇ ▇▆ ▇▇▆ ▆▇▇ ▇▆▇▆ ▇▇▆ ▆▇ ▇▇▆▇▆ ▇▆▇ ▆▇▇ ▇▆ ▇▇▆▇ ▆▇▆▇ ▇▆ ▇▇▆ ▆▇▇▆ ▇▇ ▆▇▆ ▇▇▆▇ ▆▇ ▇▆▇▇ ▆▇▆ ▇▇ ▆▇▇▆▇ ▇▆ ▇▇▆ ▆▇▇ ▇▆▇▆ ▇▇▆ ▆▇ ▇▇▆▇▆ ▇▆▇ ▆▇▇ ▇▆ ▇▇▆▇ ▆▇▆▇ ▇▆ ▇▇▆ ▆▇▇▆ ▇▇ ▆▇▆ ▇▇▆▇ ▆▇ ▇▆▇▇ ▆▇▆ ▇▇ ▆▇▇▆▇ ▇▆ ▇▇▆ ▆▇▇ ▇▆▇▆ ▇▇▆ ▆▇ ▇▇▆▇▆ ▇▆▇ ▆▇▇ ▇▆ ▇▇▆▇ ▆▇▆▇ ▇▆ ▇▇▆ ▆▇▇▆ ▇▇ ▆▇▆ ▇▇▆▇ ▆▇ ▇▆▇▇ ▆▇▆ ▇▇ ▆▇▇▆▇ ▇▆ ▇▇▆ ▆▇▇ ▇▆▇▆ ▇▇▆ ▆▇ ▇▇▆▇▆ ▇▆▇ ▆▇▇ ▇▆ ▇▇▆▇ ▆▇▆▇ ▇▆ ▇▇▆ ▆▇▇▆ ▇▇ ▆▇▆ ▇▇▆▇ ▆▇ ▇▆▇▇ ▆▇▆ ▇▇ ▆▇▇▆▇ ▇▆ ▇▇▆ ▆▇▇ ▇▆▇▆ ▇▇▆ ▆▇ ▇▇▆▇▆ ▇▆▇ ▆▇▇ ▇▆ ▇▇▆▇ ▆▇▆▇ ▇▆ ▇▇▆ ▆▇▇▆ ▇▇ ▆▇▆ ▇▇▆▇ ▆▇ ▇▆▇▇ ▆▇▆ ▇▇ ▆▇▇▆▇ ▇▆ ▇▇▆ ▆▇▇ ▇▆▇▆ ▇▇▆ ▆▇ ▇▇▆▇▆ ▇▆▇ ▆▇▇ ▇▆ ▇▇▆▇ ▆▇▆▇ ▇▆ ▇▇▆ ▆▇▇▆ ▇▇ ▆▇▆ ▇▇▆▇ ▆▇ ▇▆▇▇ ▆▇▆ ▇▇ ▆▇▇▆▇ ▇▆ ▇▇▆ ▆▇▇ ▇▆▇▆ ▇▇▆ ▆▇ ▇▇▆▇▆ ▇▆▇ ▆▇▇ ▇▆ ▇▇▆▇ ▆▇▆▇ ▇▆ ▇▇▆ ▆▇▇▆ ▇▇ ▆▇▆ ▇▇▆▇ ▆▇ ▇▆▇▇ ▆▇▆ ▇▇ ▆▇▇▆▇ ▇▆ ▇▇▆ ▆▇▇ ▇▆▇▆ ▇▇▆ ▆▇ ▇▇▆▇▆ ▇▆▇ ▆▇▇ ▇▆ ▇▇▆▇ ▆▇▆▇ ▇▆ ▇▇▆ ▆▇▇▆ ▇▇ ▆▇▆ ▇▇▆▇ ▆▇ ▇▆▇▇ ▆▇▆ ▇▇ ▆▇▇▆▇ ▇▆ ▇▇▆ ▆▇▇ ▇▆▇▆ ▇▇▆ ▆▇ ▇▇▆▇▆ ▇▆▇ ▆▇▇ ▇▆ ▇▇▆▇ ▆▇▆▇ ▇▆ ▇▇▆ ▆▇▇▆ ▇▇ ▆▇▆ ▇▇▆▇ ▆▇ ▇▆▇▇ ▆▇▆ ▇▇ ▆▇▇▆▇ ▇▆ ▇▇▆ ▆▇▇ ▇▆▇▆ ▇▇▆ ▆▇ ▇▇▆▇▆ ▇▆▇ ▆▇▇ ▇▆ ▇▇▆▇ ▆▇▆▇ ▇▆ ▇▇▆ ▆▇▇▆ ▇▇ ▆▇▆ ▇▇▆▇ ▆▇ ▇▆▇▇ ▆▇▆ ▇▇ ▆▇▇▆▇ ▇▆ ▇▇▆ ▆▇▇ ▇▆▇▆ ▇▇▆ ▆▇ ▇▇▆▇▆ ▇▆▇ ▆▇▇ ▇▆ ▇▇▆▇ ▆▇▆▇	資助非洲童 活化體育班周記
▇▆▇ ▆▇▇▆ ▇▆ ▇▇▆▇ ▆▇ ▇▆▇▇ ▆▇▆ ▇▇ ▆▇▇▆▇ ▇▆ ▇▇▆ ▆▇▇ ▇▆▇▆ ▇▇▆ ▆▇ ▇▇▆▇▆ ▇▆▇ ▆▇▇ ▇▆ ▇▇▆▇ ▆▇▆▇ ▇▆ ▇▇▆ ▆▇▇▆ ▇▇ ▆▇▆ ▇▇▆▇ ▆▇ ▇▆▇▇ ▆▇▆ ▇▇ ▆▇▇▆▇ ▇▆ ▇▇▆ ▆▇▇ ▇▆▇▆ ▇▇▆ ▆▇ ▇▇▆▇▆ ▇▆▇ ▆▇▇ ▇▆ ▇▇▆▇ ▆▇▆▇ ▇▆ ▇▇▆ ▆▇▇▆ ▇▇ ▆▇▆ ▇▇▆▇ ▆▇ ▇▆▇▇ ▆▇▆ ▇▇ ▆▇▇▆▇ ▇▆ ▇▇▆ ▆▇▇ ▇▆▇▆ ▇▇▆ ▆▇ ▇▇▆▇▆ ▇▆▇ ▆▇▇ ▇▆ ▇▇▆▇ ▆▇▆▇ ▇▆ ▇▇▆ ▆▇▇▆ ▇▇ ▆▇▆ ▇▇▆▇ ▆▇ ▇▆▇▇ ▆▇▆ ▇▇ ▆▇▇▆▇ ▇▆ ▇▇▆ ▆▇▇ ▇▆▇▆ ▇▇▆ ▆▇ ▇▇▆▇▆ ▇▆▇ ▆▇▇ ▇▆ ▇▇▆▇ ▆▇▆▇ ▇▆ ▇▇▆ ▆▇▇▆ ▇▇ ▆▇▆ ▇▇▆▇ ▆▇ ▇▆▇▇ ▆▇▆ ▇▇ ▆▇▇▆▇ ▇▆ ▇▇▆ ▆▇▇ ▇▆▇▆ ▇▇▆ ▆▇ ▇▇▆▇▆ ▇▆▇ ▆▇▇ ▇▆ ▇▇▆▇ ▆▇▆▇ ▇▆ ▇▇▆ ▆▇▇▆ ▇▇ ▆▇▆ ▇▇▆▇ ▆▇ ▇▆▇▇ ▆▇▆ ▇▇ ▆▇▇▆▇ ▇▆ ▇▇▆ ▆▇▇ ▇▆▇▆ ▇▇▆ ▆▇ ▇▇▆▇▆ ▇▆▇ ▆▇▇ ▇▆ ▇▇▆▇ ▆▇▆▇ ▇▆ ▇▇▆ ▆▇▇▆ ▇▇ ▆▇▆ ▇▇▆▇ ▆▇ ▇▆▇▇ ▆▇▆ ▇▇ ▆▇▇▆▇ ▇▆ ▇▇▆ ▆▇▇ ▇▆▇▆ ▇▇▆ ▆▇ ▇▇▆▇▆ ▇▆▇ ▆▇▇ ▇▆ ▇▇▆▇ ▆▇▆▇ ▇▆ ▇▇▆ ▆▇▇▆ ▇▇ ▆▇▆ ▇▇▆▇ ▆▇ ▇▆▇▇ ▆▇▆ ▇▇ ▆▇▇▆▇ ▇▆ ▇▇▆ ▆▇▇ ▇▆▇▆ ▇▇▆ ▆▇ ▇▇▆▇▆ ▇▆▇ ▆▇▇ ▇▆ ▇▇▆▇ ▆▇▆▇ ▇▆ ▇▇▆ ▆▇▇▆ ▇▇ ▆▇▆ ▇▇▆▇ ▆▇ ▇▆▇▇ ▆▇▆ ▇▇ ▆▇▇▆▇ ▇▆ ▇▇▆ ▆▇▇ ▇▆▇▆ ▇▇▆ ▆▇ ▇▇▆▇▆ ▇▆▇ ▆▇▇ ▇▆ ▇▇▆▇ ▆▇▆▇ ▇▆ ▇▇▆ ▆▇▇▆ ▇▇ ▆▇▆ ▇▇▆▇ ▆▇ ▇▆▇▇ ▆▇▆ ▇▇ ▆▇▇▆▇ ▇▆ ▇▇▆ ▆▇▇ ▇▆▇▆ ▇▇▆ ▆▇ ▇▇▆▇▆ ▇▆▇ ▆▇▇ ▇▆ ▇▇▆▇ ▆▇▆▇ ▇▆ ▇▇▆ ▆▇▇▆ ▇▇ ▆▇▆ ▇▇▆▇ ▆▇ ▇▆▇▇ ▆▇▆ ▇▇ ▆▇▇▆▇ ▇▆ ▇▇▆ ▆▇▇ ▇▆▇▆ ▇▇▆ ▆▇ ▇▇▆▇▆ ▇▆▇ ▆▇▇ ▇▆ ▇▇▆▇ ▆▇▆▇ ▇▆ ▇▇▆ ▆▇▇▆ ▇▇ ▆▇▆ ▇▇▆▇ ▆▇ ▇▆▇▇ ▆▇▆ ▇▇ ▆▇▇▆▇ ▇▆ ▇▇▆ ▆▇▇ ▇▆▇▆ ▇▇▆ ▆▇ ▇▇▆▇▆ ▇▆▇ ▆▇▇ ▇▆ ▇▇▆▇ ▆▇▆▇ ▇▆ ▇▇▆ ▆▇▇▆ ▇▇ ▆▇▆ ▇▇▆▇ ▆▇ ▇▆▇▇ ▆▇▆ ▇▇ ▆▇▇▆▇ ▇▆ ▇▇▆ ▆▇▇ ▇▆▇▆ ▇▇▆ ▆▇ ▇▇▆▇▆ ▇▆▇ ▆▇▇ ▇▆ ▇▇▆▇ ▆▇▆▇ ▇▆ ▇▇▆ ▆▇▇▆ ▇▇ ▆▇▆ ▇▇▆▇ ▆▇ ▇▆▇▇ ▆▇▆ ▇▇ ▆▇▇▆▇ ▇▆ ▇▇▆ ▆▇▇ ▇▆▇▆ ▇▇▆ ▆▇ ▇▇▆▇▆ ▇▆▇ ▆▇▇ ▇▆ ▇▇▆▇ ▆▇▆▇ ▇▆ ▇▇▆ ▆▇▇▆ ▇▇ ▆▇▆ ▇▇▆▇ ▆▇ ▇▆▇▇ ▆▇▆ ▇▇ ▆▇▇▆▇ ▇▆ ▇▇▆ ▆▇▇ ▇▆▇▆ ▇▇▆ ▆▇ ▇▇▆▇▆ ▇▆▇ ▆▇▇ ▇▆ ▇▇▆▇ ▆▇▆▇ ▇▆ ▇▇▆ ▆▇▇▆ ▇▇ ▆▇▆ ▇▇▆▇ ▆▇ ▇▆▇▇ ▆▇▆ ▇▇ ▆▇▇▆▇ ▇▆ ▇▇▆ ▆▇▇ ▇▆▇▆ ▇▇▆ ▆▇ ▇▇▆▇▆ ▇▆▇ ▆▇▇ ▇▆ ▇▇▆▇ ▆▇▆▇ ▇▆ ▇▇▆ ▆▇▇▆ ▇▇ ▆▇▆ ▇▇▆▇ ▆▇ ▇▆▇▇ ▆▇▆ ▇▇ ▆▇▇▆▇ ▇▆ ▇▇▆ ▆▇▇ ▇▆▇▆ ▇▇▆ ▆▇ ▇▇▆▇▆ ▇▆▇ ▆▇▇ ▇▆ ▇▇▆▇ ▆▇▆▇ ▇▆ ▇▇▆ ▆▇▇▆ ▇▇ ▆▇▆ ▇▇▆▇ ▆▇ ▇▆▇▇ ▆▇▆ ▇▇ ▆▇▇▆▇ ▇▆ ▇▇▆ ▆▇▇ ▇▆▇▆ ▇▇▆ ▆▇ ▇▇▆▇▆ ▇▆▇ ▆▇▇ ▇▆ ▇▇▆▇ ▆▇▆▇
